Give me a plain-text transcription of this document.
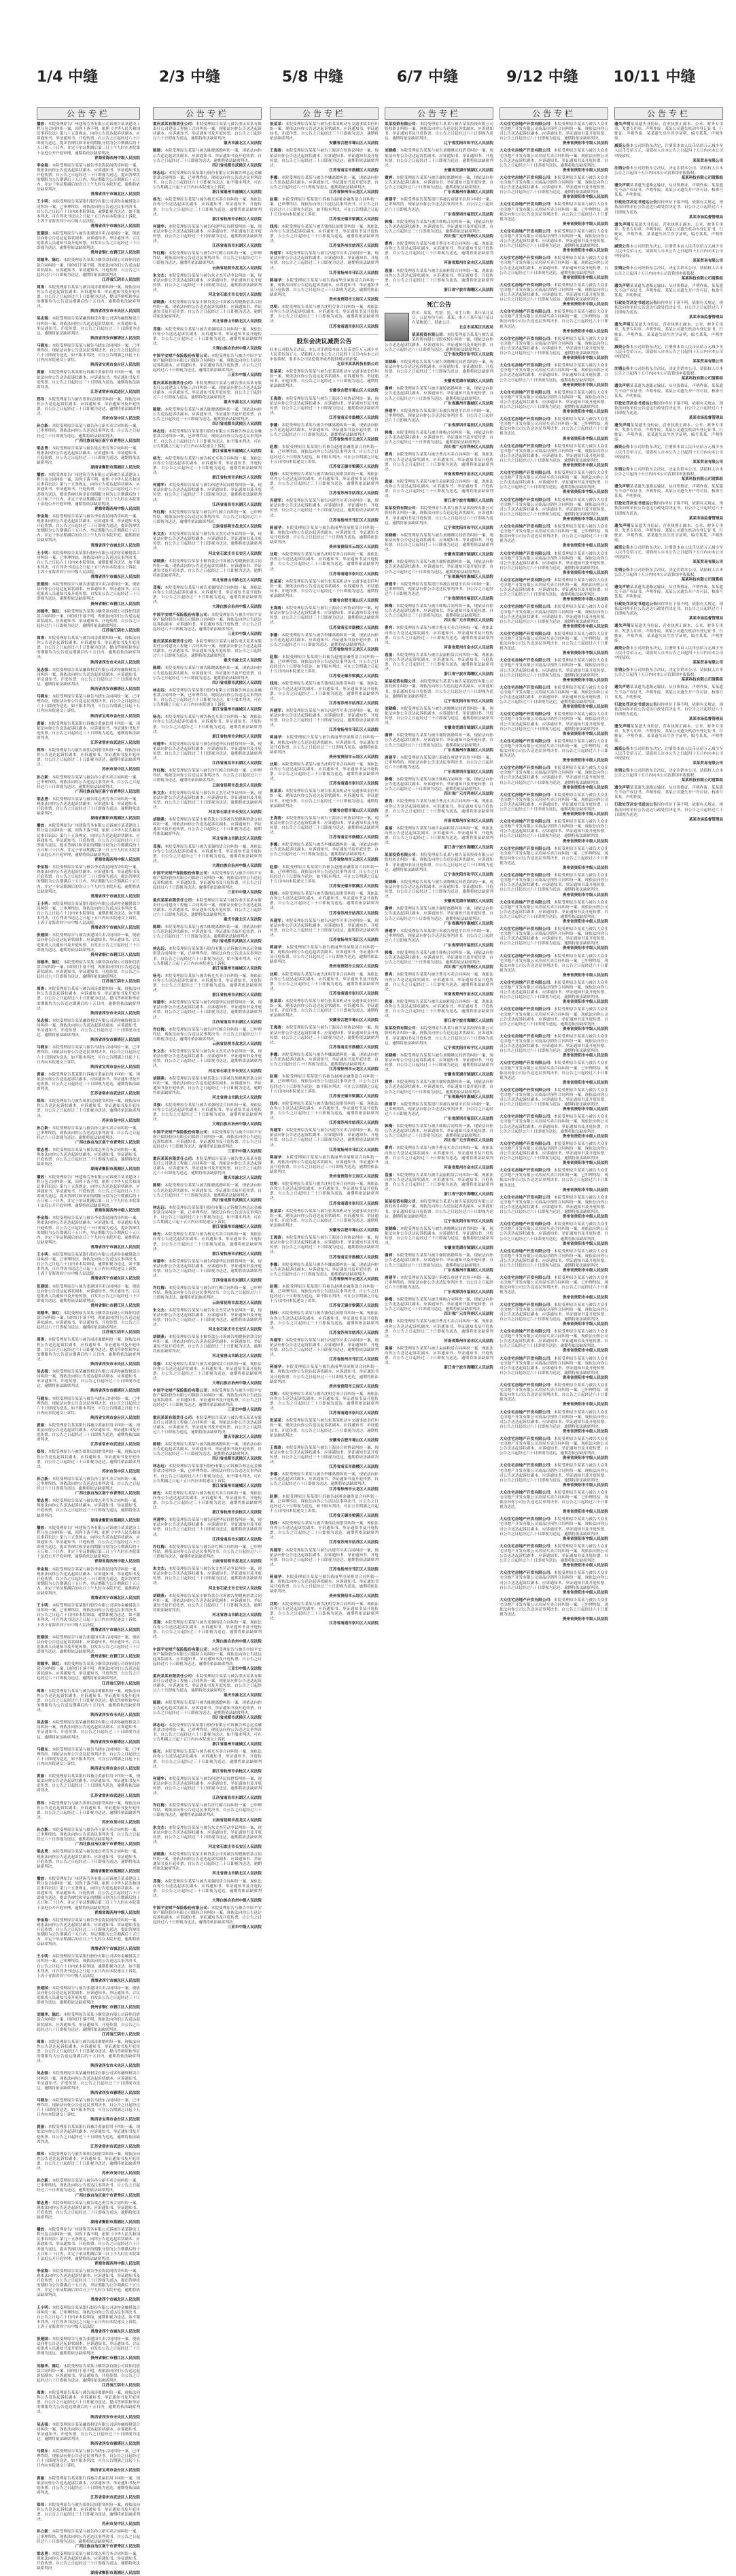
1/4 中缝	2/3 中缝	5/8 中缝	6/7 中缝	9/12 中缝 10/11 中缝
公告专栏
播放：本院受理原告广州建筑劳务有限公司诉被告某某建设工程分包合同纠纷一案，因你下落不明，依照《中华人民共和国民事诉讼法》第九十五条规定，向你公告送达起诉状副本、应诉通知书、举证通知书、开庭传票。自公告之日起经过六十日即视为送达。提出答辩状和举证的期限分别为公告期满后的十五日和三十日内，并定于举证期满后第三日上午九时在本院第十法庭公开开庭审理，逾期将依法缺席判决。
青海省海西州中级人民法院
李金海：本院受理原告某某与被告李金海民间借贷纠纷一案，现依法向你公告送达起诉状副本、应诉通知书、举证通知书及开庭传票。自公告之日起经过三十日即视为送达。提出答辩状的期限为公告期满后十五日内，举证期限为公告期满后十五日内，并定于举证期满后的次日上午九时在本院开庭，逾期将依法缺席判决。
青海省西宁市城北区人民法院
王小明：本院受理原告某某银行股份有限公司诉你金融借款合同纠纷一案，已审理终结。现依法向你公告送达民事判决书。自公告之日起六十日内来本院领取，逾期即视为送达。如不服本判决，可在判决书送达之日起十五日内向本院递交上诉状，上诉于青海省西宁市中级人民法院。
青海省西宁市城东区人民法院
张建国：本院受理原告与被告张建国买卖合同纠纷一案，现依法向你公告送达起诉状副本、应诉通知书、举证通知书、合议庭组成人员通知书及开庭传票。自发出公告之日起经过三十日即视为送达，逾期将依法缺席判决。
贵州省铜仁市碧江区人民法院
刘德华、陈红：本院受理原告某某小额贷款有限公司诉你们借款合同纠纷一案，因你们下落不明，现依法向你们公告送达起诉状副本、应诉通知书、举证通知书、开庭传票。自公告之日起经过六十日即视为送达，逾期将依法缺席判决。
江苏省江阴市人民法院
周涛：本院受理原告某某与被告周涛离婚纠纷一案，现依法向你公告送达起诉状副本、应诉通知书、举证通知书及开庭传票。自公告之日起经过六十日即视为送达，提出答辩状和举证的期限均为公告送达期满后的十五日内，逾期将依法缺席判决。
陕西省西安市未央区人民法院
吴志强：本院受理原告某某融资租赁有限公司诉你融资租赁合同纠纷一案，现依法向你公告送达起诉状副本、应诉通知书、举证通知书、开庭传票。自公告之日起经过三十日即视为送达，逾期将依法缺席判决。
陕西省西安市雁塔区人民法院
马晓东：本院受理原告某某与被告马晓东合同纠纷一案，已审理终结。现依法向你公告送达民事判决书。自公告之日起经过六十日即视为送达。如不服本判决，可在公告期满之日起十五日内向本院递交上诉状。
陕西省宝鸡市金台区人民法院
黄丽：本院受理原告某某银行诉被告黄丽信用卡纠纷一案，现依法向你公告送达起诉状副本、应诉通知书、举证通知书及开庭传票。自公告之日起经过三十日即视为送达，逾期将依法缺席判决。
江苏省常州市武进区人民法院
郑伟：本院受理原告与被告郑伟民间借贷纠纷一案，现依法向你公告送达起诉状副本、应诉通知书、举证通知书及开庭传票。自公告之日起经过三十日即视为送达，逾期将依法缺席判决。
苏州市吴中区人民法院
孙立新：本院受理原告某某与被告孙立新买卖合同纠纷一案，已审理终结。现依法向你公告送达民事判决书。自公告之日起经过六十日即视为送达，逾期将依法缺席判决。
广西壮族自治区南宁市青秀区人民法院
梁志勇：本院受理原告某某与被告梁志勇劳务合同纠纷一案，现依法向你公告送达起诉状副本、应诉通知书、举证通知书、开庭传票。自公告之日起经过三十日即视为送达，逾期将依法缺席判决。
湖南省衡阳市蒸湘区人民法院
播放：本院受理原告广州建筑劳务有限公司诉被告某某建设工程分包合同纠纷一案，因你下落不明，依照《中华人民共和国民事诉讼法》第九十五条规定，向你公告送达起诉状副本、应诉通知书、举证通知书、开庭传票。自公告之日起经过六十日即视为送达。提出答辩状和举证的期限分别为公告期满后的十五日和三十日内，并定于举证期满后第三日上午九时在本院第十法庭公开开庭审理，逾期将依法缺席判决。
青海省海西州中级人民法院
李金海：本院受理原告某某与被告李金海民间借贷纠纷一案，现依法向你公告送达起诉状副本、应诉通知书、举证通知书及开庭传票。自公告之日起经过三十日即视为送达。提出答辩状的期限为公告期满后十五日内，举证期限为公告期满后十五日内，并定于举证期满后的次日上午九时在本院开庭，逾期将依法缺席判决。
青海省西宁市城北区人民法院
王小明：本院受理原告某某银行股份有限公司诉你金融借款合同纠纷一案，已审理终结。现依法向你公告送达民事判决书。自公告之日起六十日内来本院领取，逾期即视为送达。如不服本判决，可在判决书送达之日起十五日内向本院递交上诉状，上诉于青海省西宁市中级人民法院。
青海省西宁市城东区人民法院
张建国：本院受理原告与被告张建国买卖合同纠纷一案，现依法向你公告送达起诉状副本、应诉通知书、举证通知书、合议庭组成人员通知书及开庭传票。自发出公告之日起经过三十日即视为送达，逾期将依法缺席判决。
贵州省铜仁市碧江区人民法院
刘德华、陈红：本院受理原告某某小额贷款有限公司诉你们借款合同纠纷一案，因你们下落不明，现依法向你们公告送达起诉状副本、应诉通知书、举证通知书、开庭传票。自公告之日起经过六十日即视为送达，逾期将依法缺席判决。
江苏省江阴市人民法院
周涛：本院受理原告某某与被告周涛离婚纠纷一案，现依法向你公告送达起诉状副本、应诉通知书、举证通知书及开庭传票。自公告之日起经过六十日即视为送达，提出答辩状和举证的期限均为公告送达期满后的十五日内，逾期将依法缺席判决。
陕西省西安市未央区人民法院
吴志强：本院受理原告某某融资租赁有限公司诉你融资租赁合同纠纷一案，现依法向你公告送达起诉状副本、应诉通知书、举证通知书、开庭传票。自公告之日起经过三十日即视为送达，逾期将依法缺席判决。
陕西省西安市雁塔区人民法院
马晓东：本院受理原告某某与被告马晓东合同纠纷一案，已审理终结。现依法向你公告送达民事判决书。自公告之日起经过六十日即视为送达。如不服本判决，可在公告期满之日起十五日内向本院递交上诉状。
陕西省宝鸡市金台区人民法院
黄丽：本院受理原告某某银行诉被告黄丽信用卡纠纷一案，现依法向你公告送达起诉状副本、应诉通知书、举证通知书及开庭传票。自公告之日起经过三十日即视为送达，逾期将依法缺席判决。
江苏省常州市武进区人民法院
郑伟：本院受理原告与被告郑伟民间借贷纠纷一案，现依法向你公告送达起诉状副本、应诉通知书、举证通知书及开庭传票。自公告之日起经过三十日即视为送达，逾期将依法缺席判决。
苏州市吴中区人民法院
孙立新：本院受理原告某某与被告孙立新买卖合同纠纷一案，已审理终结。现依法向你公告送达民事判决书。自公告之日起经过六十日即视为送达，逾期将依法缺席判决。
广西壮族自治区南宁市青秀区人民法院
梁志勇：本院受理原告某某与被告梁志勇劳务合同纠纷一案，现依法向你公告送达起诉状副本、应诉通知书、举证通知书、开庭传票。自公告之日起经过三十日即视为送达，逾期将依法缺席判决。
湖南省衡阳市蒸湘区人民法院
播放：本院受理原告广州建筑劳务有限公司诉被告某某建设工程分包合同纠纷一案，因你下落不明，依照《中华人民共和国民事诉讼法》第九十五条规定，向你公告送达起诉状副本、应诉通知书、举证通知书、开庭传票。自公告之日起经过六十日即视为送达。提出答辩状和举证的期限分别为公告期满后的十五日和三十日内，并定于举证期满后第三日上午九时在本院第十法庭公开开庭审理，逾期将依法缺席判决。
青海省海西州中级人民法院
李金海：本院受理原告某某与被告李金海民间借贷纠纷一案，现依法向你公告送达起诉状副本、应诉通知书、举证通知书及开庭传票。自公告之日起经过三十日即视为送达。提出答辩状的期限为公告期满后十五日内，举证期限为公告期满后十五日内，并定于举证期满后的次日上午九时在本院开庭，逾期将依法缺席判决。
青海省西宁市城北区人民法院
王小明：本院受理原告某某银行股份有限公司诉你金融借款合同纠纷一案，已审理终结。现依法向你公告送达民事判决书。自公告之日起六十日内来本院领取，逾期即视为送达。如不服本判决，可在判决书送达之日起十五日内向本院递交上诉状，上诉于青海省西宁市中级人民法院。
青海省西宁市城东区人民法院
张建国：本院受理原告与被告张建国买卖合同纠纷一案，现依法向你公告送达起诉状副本、应诉通知书、举证通知书、合议庭组成人员通知书及开庭传票。自发出公告之日起经过三十日即视为送达，逾期将依法缺席判决。
贵州省铜仁市碧江区人民法院
刘德华、陈红：本院受理原告某某小额贷款有限公司诉你们借款合同纠纷一案，因你们下落不明，现依法向你们公告送达起诉状副本、应诉通知书、举证通知书、开庭传票。自公告之日起经过六十日即视为送达，逾期将依法缺席判决。
江苏省江阴市人民法院
周涛：本院受理原告某某与被告周涛离婚纠纷一案，现依法向你公告送达起诉状副本、应诉通知书、举证通知书及开庭传票。自公告之日起经过六十日即视为送达，提出答辩状和举证的期限均为公告送达期满后的十五日内，逾期将依法缺席判决。
陕西省西安市未央区人民法院
吴志强：本院受理原告某某融资租赁有限公司诉你融资租赁合同纠纷一案，现依法向你公告送达起诉状副本、应诉通知书、举证通知书、开庭传票。自公告之日起经过三十日即视为送达，逾期将依法缺席判决。
陕西省西安市雁塔区人民法院
马晓东：本院受理原告某某与被告马晓东合同纠纷一案，已审理终结。现依法向你公告送达民事判决书。自公告之日起经过六十日即视为送达。如不服本判决，可在公告期满之日起十五日内向本院递交上诉状。
陕西省宝鸡市金台区人民法院
黄丽：本院受理原告某某银行诉被告黄丽信用卡纠纷一案，现依法向你公告送达起诉状副本、应诉通知书、举证通知书及开庭传票。自公告之日起经过三十日即视为送达，逾期将依法缺席判决。
江苏省常州市武进区人民法院
郑伟：本院受理原告与被告郑伟民间借贷纠纷一案，现依法向你公告送达起诉状副本、应诉通知书、举证通知书及开庭传票。自公告之日起经过三十日即视为送达，逾期将依法缺席判决。
苏州市吴中区人民法院
孙立新：本院受理原告某某与被告孙立新买卖合同纠纷一案，已审理终结。现依法向你公告送达民事判决书。自公告之日起经过六十日即视为送达，逾期将依法缺席判决。
广西壮族自治区南宁市青秀区人民法院
梁志勇：本院受理原告某某与被告梁志勇劳务合同纠纷一案，现依法向你公告送达起诉状副本、应诉通知书、举证通知书、开庭传票。自公告之日起经过三十日即视为送达，逾期将依法缺席判决。
湖南省衡阳市蒸湘区人民法院
播放：本院受理原告广州建筑劳务有限公司诉被告某某建设工程分包合同纠纷一案，因你下落不明，依照《中华人民共和国民事诉讼法》第九十五条规定，向你公告送达起诉状副本、应诉通知书、举证通知书、开庭传票。自公告之日起经过六十日即视为送达。提出答辩状和举证的期限分别为公告期满后的十五日和三十日内，并定于举证期满后第三日上午九时在本院第十法庭公开开庭审理，逾期将依法缺席判决。
青海省海西州中级人民法院
李金海：本院受理原告某某与被告李金海民间借贷纠纷一案，现依法向你公告送达起诉状副本、应诉通知书、举证通知书及开庭传票。自公告之日起经过三十日即视为送达。提出答辩状的期限为公告期满后十五日内，举证期限为公告期满后十五日内，并定于举证期满后的次日上午九时在本院开庭，逾期将依法缺席判决。
青海省西宁市城北区人民法院
王小明：本院受理原告某某银行股份有限公司诉你金融借款合同纠纷一案，已审理终结。现依法向你公告送达民事判决书。自公告之日起六十日内来本院领取，逾期即视为送达。如不服本判决，可在判决书送达之日起十五日内向本院递交上诉状，上诉于青海省西宁市中级人民法院。
青海省西宁市城东区人民法院
张建国：本院受理原告与被告张建国买卖合同纠纷一案，现依法向你公告送达起诉状副本、应诉通知书、举证通知书、合议庭组成人员通知书及开庭传票。自发出公告之日起经过三十日即视为送达，逾期将依法缺席判决。
贵州省铜仁市碧江区人民法院
刘德华、陈红：本院受理原告某某小额贷款有限公司诉你们借款合同纠纷一案，因你们下落不明，现依法向你们公告送达起诉状副本、应诉通知书、举证通知书、开庭传票。自公告之日起经过六十日即视为送达，逾期将依法缺席判决。
江苏省江阴市人民法院
周涛：本院受理原告某某与被告周涛离婚纠纷一案，现依法向你公告送达起诉状副本、应诉通知书、举证通知书及开庭传票。自公告之日起经过六十日即视为送达，提出答辩状和举证的期限均为公告送达期满后的十五日内，逾期将依法缺席判决。
陕西省西安市未央区人民法院
吴志强：本院受理原告某某融资租赁有限公司诉你融资租赁合同纠纷一案，现依法向你公告送达起诉状副本、应诉通知书、举证通知书、开庭传票。自公告之日起经过三十日即视为送达，逾期将依法缺席判决。
陕西省西安市雁塔区人民法院
马晓东：本院受理原告某某与被告马晓东合同纠纷一案，已审理终结。现依法向你公告送达民事判决书。自公告之日起经过六十日即视为送达。如不服本判决，可在公告期满之日起十五日内向本院递交上诉状。
陕西省宝鸡市金台区人民法院
黄丽：本院受理原告某某银行诉被告黄丽信用卡纠纷一案，现依法向你公告送达起诉状副本、应诉通知书、举证通知书及开庭传票。自公告之日起经过三十日即视为送达，逾期将依法缺席判决。
江苏省常州市武进区人民法院
郑伟：本院受理原告与被告郑伟民间借贷纠纷一案，现依法向你公告送达起诉状副本、应诉通知书、举证通知书及开庭传票。自公告之日起经过三十日即视为送达，逾期将依法缺席判决。
苏州市吴中区人民法院
孙立新：本院受理原告某某与被告孙立新买卖合同纠纷一案，已审理终结。现依法向你公告送达民事判决书。自公告之日起经过六十日即视为送达，逾期将依法缺席判决。
广西壮族自治区南宁市青秀区人民法院
梁志勇：本院受理原告某某与被告梁志勇劳务合同纠纷一案，现依法向你公告送达起诉状副本、应诉通知书、举证通知书、开庭传票。自公告之日起经过三十日即视为送达，逾期将依法缺席判决。
湖南省衡阳市蒸湘区人民法院
播放：本院受理原告广州建筑劳务有限公司诉被告某某建设工程分包合同纠纷一案，因你下落不明，依照《中华人民共和国民事诉讼法》第九十五条规定，向你公告送达起诉状副本、应诉通知书、举证通知书、开庭传票。自公告之日起经过六十日即视为送达。提出答辩状和举证的期限分别为公告期满后的十五日和三十日内，并定于举证期满后第三日上午九时在本院第十法庭公开开庭审理，逾期将依法缺席判决。
青海省海西州中级人民法院
李金海：本院受理原告某某与被告李金海民间借贷纠纷一案，现依法向你公告送达起诉状副本、应诉通知书、举证通知书及开庭传票。自公告之日起经过三十日即视为送达。提出答辩状的期限为公告期满后十五日内，举证期限为公告期满后十五日内，并定于举证期满后的次日上午九时在本院开庭，逾期将依法缺席判决。
青海省西宁市城北区人民法院
王小明：本院受理原告某某银行股份有限公司诉你金融借款合同纠纷一案，已审理终结。现依法向你公告送达民事判决书。自公告之日起六十日内来本院领取，逾期即视为送达。如不服本判决，可在判决书送达之日起十五日内向本院递交上诉状，上诉于青海省西宁市中级人民法院。
青海省西宁市城东区人民法院
张建国：本院受理原告与被告张建国买卖合同纠纷一案，现依法向你公告送达起诉状副本、应诉通知书、举证通知书、合议庭组成人员通知书及开庭传票。自发出公告之日起经过三十日即视为送达，逾期将依法缺席判决。
贵州省铜仁市碧江区人民法院
刘德华、陈红：本院受理原告某某小额贷款有限公司诉你们借款合同纠纷一案，因你们下落不明，现依法向你们公告送达起诉状副本、应诉通知书、举证通知书、开庭传票。自公告之日起经过六十日即视为送达，逾期将依法缺席判决。
江苏省江阴市人民法院
周涛：本院受理原告某某与被告周涛离婚纠纷一案，现依法向你公告送达起诉状副本、应诉通知书、举证通知书及开庭传票。自公告之日起经过六十日即视为送达，提出答辩状和举证的期限均为公告送达期满后的十五日内，逾期将依法缺席判决。
陕西省西安市未央区人民法院
吴志强：本院受理原告某某融资租赁有限公司诉你融资租赁合同纠纷一案，现依法向你公告送达起诉状副本、应诉通知书、举证通知书、开庭传票。自公告之日起经过三十日即视为送达，逾期将依法缺席判决。
陕西省西安市雁塔区人民法院
马晓东：本院受理原告某某与被告马晓东合同纠纷一案，已审理终结。现依法向你公告送达民事判决书。自公告之日起经过六十日即视为送达。如不服本判决，可在公告期满之日起十五日内向本院递交上诉状。
陕西省宝鸡市金台区人民法院
黄丽：本院受理原告某某银行诉被告黄丽信用卡纠纷一案，现依法向你公告送达起诉状副本、应诉通知书、举证通知书及开庭传票。自公告之日起经过三十日即视为送达，逾期将依法缺席判决。
江苏省常州市武进区人民法院
郑伟：本院受理原告与被告郑伟民间借贷纠纷一案，现依法向你公告送达起诉状副本、应诉通知书、举证通知书及开庭传票。自公告之日起经过三十日即视为送达，逾期将依法缺席判决。
苏州市吴中区人民法院
孙立新：本院受理原告某某与被告孙立新买卖合同纠纷一案，已审理终结。现依法向你公告送达民事判决书。自公告之日起经过六十日即视为送达，逾期将依法缺席判决。
广西壮族自治区南宁市青秀区人民法院
梁志勇：本院受理原告某某与被告梁志勇劳务合同纠纷一案，现依法向你公告送达起诉状副本、应诉通知书、举证通知书、开庭传票。自公告之日起经过三十日即视为送达，逾期将依法缺席判决。
湖南省衡阳市蒸湘区人民法院
播放：本院受理原告广州建筑劳务有限公司诉被告某某建设工程分包合同纠纷一案，因你下落不明，依照《中华人民共和国民事诉讼法》第九十五条规定，向你公告送达起诉状副本、应诉通知书、举证通知书、开庭传票。自公告之日起经过六十日即视为送达。提出答辩状和举证的期限分别为公告期满后的十五日和三十日内，并定于举证期满后第三日上午九时在本院第十法庭公开开庭审理，逾期将依法缺席判决。
青海省海西州中级人民法院
李金海：本院受理原告某某与被告李金海民间借贷纠纷一案，现依法向你公告送达起诉状副本、应诉通知书、举证通知书及开庭传票。自公告之日起经过三十日即视为送达。提出答辩状的期限为公告期满后十五日内，举证期限为公告期满后十五日内，并定于举证期满后的次日上午九时在本院开庭，逾期将依法缺席判决。
青海省西宁市城北区人民法院
王小明：本院受理原告某某银行股份有限公司诉你金融借款合同纠纷一案，已审理终结。现依法向你公告送达民事判决书。自公告之日起六十日内来本院领取，逾期即视为送达。如不服本判决，可在判决书送达之日起十五日内向本院递交上诉状，上诉于青海省西宁市中级人民法院。
青海省西宁市城东区人民法院
张建国：本院受理原告与被告张建国买卖合同纠纷一案，现依法向你公告送达起诉状副本、应诉通知书、举证通知书、合议庭组成人员通知书及开庭传票。自发出公告之日起经过三十日即视为送达，逾期将依法缺席判决。
贵州省铜仁市碧江区人民法院
刘德华、陈红：本院受理原告某某小额贷款有限公司诉你们借款合同纠纷一案，因你们下落不明，现依法向你们公告送达起诉状副本、应诉通知书、举证通知书、开庭传票。自公告之日起经过六十日即视为送达，逾期将依法缺席判决。
江苏省江阴市人民法院
周涛：本院受理原告某某与被告周涛离婚纠纷一案，现依法向你公告送达起诉状副本、应诉通知书、举证通知书及开庭传票。自公告之日起经过六十日即视为送达，提出答辩状和举证的期限均为公告送达期满后的十五日内，逾期将依法缺席判决。
陕西省西安市未央区人民法院
吴志强：本院受理原告某某融资租赁有限公司诉你融资租赁合同纠纷一案，现依法向你公告送达起诉状副本、应诉通知书、举证通知书、开庭传票。自公告之日起经过三十日即视为送达，逾期将依法缺席判决。
陕西省西安市雁塔区人民法院
马晓东：本院受理原告某某与被告马晓东合同纠纷一案，已审理终结。现依法向你公告送达民事判决书。自公告之日起经过六十日即视为送达。如不服本判决，可在公告期满之日起十五日内向本院递交上诉状。
陕西省宝鸡市金台区人民法院
黄丽：本院受理原告某某银行诉被告黄丽信用卡纠纷一案，现依法向你公告送达起诉状副本、应诉通知书、举证通知书及开庭传票。自公告之日起经过三十日即视为送达，逾期将依法缺席判决。
江苏省常州市武进区人民法院
郑伟：本院受理原告与被告郑伟民间借贷纠纷一案，现依法向你公告送达起诉状副本、应诉通知书、举证通知书及开庭传票。自公告之日起经过三十日即视为送达，逾期将依法缺席判决。
苏州市吴中区人民法院
孙立新：本院受理原告某某与被告孙立新买卖合同纠纷一案，已审理终结。现依法向你公告送达民事判决书。自公告之日起经过六十日即视为送达，逾期将依法缺席判决。
广西壮族自治区南宁市青秀区人民法院
梁志勇：本院受理原告某某与被告梁志勇劳务合同纠纷一案，现依法向你公告送达起诉状副本、应诉通知书、举证通知书、开庭传票。自公告之日起经过三十日即视为送达，逾期将依法缺席判决。
湖南省衡阳市蒸湘区人民法院
播放：本院受理原告广州建筑劳务有限公司诉被告某某建设工程分包合同纠纷一案，因你下落不明，依照《中华人民共和国民事诉讼法》第九十五条规定，向你公告送达起诉状副本、应诉通知书、举证通知书、开庭传票。自公告之日起经过六十日即视为送达。提出答辩状和举证的期限分别为公告期满后的十五日和三十日内，并定于举证期满后第三日上午九时在本院第十法庭公开开庭审理，逾期将依法缺席判决。
青海省海西州中级人民法院
李金海：本院受理原告某某与被告李金海民间借贷纠纷一案，现依法向你公告送达起诉状副本、应诉通知书、举证通知书及开庭传票。自公告之日起经过三十日即视为送达。提出答辩状的期限为公告期满后十五日内，举证期限为公告期满后十五日内，并定于举证期满后的次日上午九时在本院开庭，逾期将依法缺席判决。
青海省西宁市城北区人民法院
王小明：本院受理原告某某银行股份有限公司诉你金融借款合同纠纷一案，已审理终结。现依法向你公告送达民事判决书。自公告之日起六十日内来本院领取，逾期即视为送达。如不服本判决，可在判决书送达之日起十五日内向本院递交上诉状，上诉于青海省西宁市中级人民法院。
青海省西宁市城东区人民法院
张建国：本院受理原告与被告张建国买卖合同纠纷一案，现依法向你公告送达起诉状副本、应诉通知书、举证通知书、合议庭组成人员通知书及开庭传票。自发出公告之日起经过三十日即视为送达，逾期将依法缺席判决。
贵州省铜仁市碧江区人民法院
刘德华、陈红：本院受理原告某某小额贷款有限公司诉你们借款合同纠纷一案，因你们下落不明，现依法向你们公告送达起诉状副本、应诉通知书、举证通知书、开庭传票。自公告之日起经过六十日即视为送达，逾期将依法缺席判决。
江苏省江阴市人民法院
周涛：本院受理原告某某与被告周涛离婚纠纷一案，现依法向你公告送达起诉状副本、应诉通知书、举证通知书及开庭传票。自公告之日起经过六十日即视为送达，提出答辩状和举证的期限均为公告送达期满后的十五日内，逾期将依法缺席判决。
陕西省西安市未央区人民法院
吴志强：本院受理原告某某融资租赁有限公司诉你融资租赁合同纠纷一案，现依法向你公告送达起诉状副本、应诉通知书、举证通知书、开庭传票。自公告之日起经过三十日即视为送达，逾期将依法缺席判决。
陕西省西安市雁塔区人民法院
马晓东：本院受理原告某某与被告马晓东合同纠纷一案，已审理终结。现依法向你公告送达民事判决书。自公告之日起经过六十日即视为送达。如不服本判决，可在公告期满之日起十五日内向本院递交上诉状。
陕西省宝鸡市金台区人民法院
黄丽：本院受理原告某某银行诉被告黄丽信用卡纠纷一案，现依法向你公告送达起诉状副本、应诉通知书、举证通知书及开庭传票。自公告之日起经过三十日即视为送达，逾期将依法缺席判决。
江苏省常州市武进区人民法院
郑伟：本院受理原告与被告郑伟民间借贷纠纷一案，现依法向你公告送达起诉状副本、应诉通知书、举证通知书及开庭传票。自公告之日起经过三十日即视为送达，逾期将依法缺席判决。
苏州市吴中区人民法院
孙立新：本院受理原告某某与被告孙立新买卖合同纠纷一案，已审理终结。现依法向你公告送达民事判决书。自公告之日起经过六十日即视为送达，逾期将依法缺席判决。
广西壮族自治区南宁市青秀区人民法院
梁志勇：本院受理原告某某与被告梁志勇劳务合同纠纷一案，现依法向你公告送达起诉状副本、应诉通知书、举证通知书、开庭传票。自公告之日起经过三十日即视为送达，逾期将依法缺席判决。
湖南省衡阳市蒸湘区人民法院
公告专栏
重庆某某有限责任公司：本院受理原告某某与被告重庆某某有限责任公司建设工程施工合同纠纷一案，现依法向你公告送达起诉状副本、应诉通知书、举证通知书及开庭传票。自公告之日起经过六十日即视为送达，逾期将依法缺席判决。
重庆市渝北区人民法院
陈晓：本院受理原告某某与被告陈晓离婚纠纷一案，现依法向你公告送达起诉状副本、应诉通知书、举证通知书及开庭传票。自公告之日起经过三十日即视为送达，逾期将依法缺席判决。
四川省成都市武侯区人民法院
林志远：本院受理原告某某银行股份有限公司诉被告林志远金融借款合同纠纷一案，已审理终结。现依法向你公告送达民事判决书。自公告之日起经过六十日即视为送达，如不服本判决，可在公告期满之日起十五日内向本院递交上诉状。
浙江省温州市鹿城区人民法院
杨光：本院受理原告某某与被告杨光买卖合同纠纷一案，现依法向你公告送达起诉状副本、应诉通知书、举证通知书、开庭传票。自公告之日起经过三十日即视为送达，逾期将依法缺席判决。
浙江省杭州市余杭区人民法院
何建华：本院受理原告某某与被告何建华民间借贷纠纷一案，现依法向你公告送达起诉状副本、应诉通知书、举证通知书及开庭传票。自公告之日起经过三十日即视为送达，逾期将依法缺席判决。
江西省南昌市东湖区人民法院
许红梅：本院受理原告某某与被告许红梅合同纠纷一案，已审理终结。现依法向你公告送达民事判决书。自公告之日起经过六十日即视为送达，逾期将依法缺席判决。
云南省昆明市盘龙区人民法院
朱文杰：本院受理原告某某与被告朱文杰劳动争议纠纷一案，现依法向你公告送达起诉状副本、应诉通知书、举证通知书及开庭传票。自公告之日起经过三十日即视为送达，逾期将依法缺席判决。
河北省石家庄市长安区人民法院
胡晓燕：本院受理原告某某小额贷款公司诉被告胡晓燕借款合同纠纷一案，现依法向你公告送达起诉状副本、应诉通知书、举证通知书及开庭传票。自公告之日起经过三十日即视为送达，逾期将依法缺席判决。
河北省唐山市路北区人民法院
邓强：本院受理原告某某与被告邓强租赁合同纠纷一案，现依法向你公告送达起诉状副本、应诉通知书、举证通知书及开庭传票。自公告之日起经过三十日即视为送达，逾期将依法缺席判决。
大理白族自治州中级人民法院
中国平安财产保险股份有限公司：本院受理原告与被告中国平安财产保险股份有限公司保险合同纠纷一案，现依法向你公告送达起诉状副本、应诉通知书、举证通知书及开庭传票。自公告之日起经过六十日即视为送达，逾期将依法缺席判决。
三亚市中级人民法院
重庆某某有限责任公司：本院受理原告某某与被告重庆某某有限责任公司建设工程施工合同纠纷一案，现依法向你公告送达起诉状副本、应诉通知书、举证通知书及开庭传票。自公告之日起经过六十日即视为送达，逾期将依法缺席判决。
重庆市渝北区人民法院
陈晓：本院受理原告某某与被告陈晓离婚纠纷一案，现依法向你公告送达起诉状副本、应诉通知书、举证通知书及开庭传票。自公告之日起经过三十日即视为送达，逾期将依法缺席判决。
四川省成都市武侯区人民法院
林志远：本院受理原告某某银行股份有限公司诉被告林志远金融借款合同纠纷一案，已审理终结。现依法向你公告送达民事判决书。自公告之日起经过六十日即视为送达，如不服本判决，可在公告期满之日起十五日内向本院递交上诉状。
浙江省温州市鹿城区人民法院
杨光：本院受理原告某某与被告杨光买卖合同纠纷一案，现依法向你公告送达起诉状副本、应诉通知书、举证通知书、开庭传票。自公告之日起经过三十日即视为送达，逾期将依法缺席判决。
浙江省杭州市余杭区人民法院
何建华：本院受理原告某某与被告何建华民间借贷纠纷一案，现依法向你公告送达起诉状副本、应诉通知书、举证通知书及开庭传票。自公告之日起经过三十日即视为送达，逾期将依法缺席判决。
江西省南昌市东湖区人民法院
许红梅：本院受理原告某某与被告许红梅合同纠纷一案，已审理终结。现依法向你公告送达民事判决书。自公告之日起经过六十日即视为送达，逾期将依法缺席判决。
云南省昆明市盘龙区人民法院
朱文杰：本院受理原告某某与被告朱文杰劳动争议纠纷一案，现依法向你公告送达起诉状副本、应诉通知书、举证通知书及开庭传票。自公告之日起经过三十日即视为送达，逾期将依法缺席判决。
河北省石家庄市长安区人民法院
胡晓燕：本院受理原告某某小额贷款公司诉被告胡晓燕借款合同纠纷一案，现依法向你公告送达起诉状副本、应诉通知书、举证通知书及开庭传票。自公告之日起经过三十日即视为送达，逾期将依法缺席判决。
河北省唐山市路北区人民法院
邓强：本院受理原告某某与被告邓强租赁合同纠纷一案，现依法向你公告送达起诉状副本、应诉通知书、举证通知书及开庭传票。自公告之日起经过三十日即视为送达，逾期将依法缺席判决。
大理白族自治州中级人民法院
中国平安财产保险股份有限公司：本院受理原告与被告中国平安财产保险股份有限公司保险合同纠纷一案，现依法向你公告送达起诉状副本、应诉通知书、举证通知书及开庭传票。自公告之日起经过六十日即视为送达，逾期将依法缺席判决。
三亚市中级人民法院
重庆某某有限责任公司：本院受理原告某某与被告重庆某某有限责任公司建设工程施工合同纠纷一案，现依法向你公告送达起诉状副本、应诉通知书、举证通知书及开庭传票。自公告之日起经过六十日即视为送达，逾期将依法缺席判决。
重庆市渝北区人民法院
陈晓：本院受理原告某某与被告陈晓离婚纠纷一案，现依法向你公告送达起诉状副本、应诉通知书、举证通知书及开庭传票。自公告之日起经过三十日即视为送达，逾期将依法缺席判决。
四川省成都市武侯区人民法院
林志远：本院受理原告某某银行股份有限公司诉被告林志远金融借款合同纠纷一案，已审理终结。现依法向你公告送达民事判决书。自公告之日起经过六十日即视为送达，如不服本判决，可在公告期满之日起十五日内向本院递交上诉状。
浙江省温州市鹿城区人民法院
杨光：本院受理原告某某与被告杨光买卖合同纠纷一案，现依法向你公告送达起诉状副本、应诉通知书、举证通知书、开庭传票。自公告之日起经过三十日即视为送达，逾期将依法缺席判决。
浙江省杭州市余杭区人民法院
何建华：本院受理原告某某与被告何建华民间借贷纠纷一案，现依法向你公告送达起诉状副本、应诉通知书、举证通知书及开庭传票。自公告之日起经过三十日即视为送达，逾期将依法缺席判决。
江西省南昌市东湖区人民法院
许红梅：本院受理原告某某与被告许红梅合同纠纷一案，已审理终结。现依法向你公告送达民事判决书。自公告之日起经过六十日即视为送达，逾期将依法缺席判决。
云南省昆明市盘龙区人民法院
朱文杰：本院受理原告某某与被告朱文杰劳动争议纠纷一案，现依法向你公告送达起诉状副本、应诉通知书、举证通知书及开庭传票。自公告之日起经过三十日即视为送达，逾期将依法缺席判决。
河北省石家庄市长安区人民法院
胡晓燕：本院受理原告某某小额贷款公司诉被告胡晓燕借款合同纠纷一案，现依法向你公告送达起诉状副本、应诉通知书、举证通知书及开庭传票。自公告之日起经过三十日即视为送达，逾期将依法缺席判决。
河北省唐山市路北区人民法院
邓强：本院受理原告某某与被告邓强租赁合同纠纷一案，现依法向你公告送达起诉状副本、应诉通知书、举证通知书及开庭传票。自公告之日起经过三十日即视为送达，逾期将依法缺席判决。
大理白族自治州中级人民法院
中国平安财产保险股份有限公司：本院受理原告与被告中国平安财产保险股份有限公司保险合同纠纷一案，现依法向你公告送达起诉状副本、应诉通知书、举证通知书及开庭传票。自公告之日起经过六十日即视为送达，逾期将依法缺席判决。
三亚市中级人民法院
重庆某某有限责任公司：本院受理原告某某与被告重庆某某有限责任公司建设工程施工合同纠纷一案，现依法向你公告送达起诉状副本、应诉通知书、举证通知书及开庭传票。自公告之日起经过六十日即视为送达，逾期将依法缺席判决。
重庆市渝北区人民法院
陈晓：本院受理原告某某与被告陈晓离婚纠纷一案，现依法向你公告送达起诉状副本、应诉通知书、举证通知书及开庭传票。自公告之日起经过三十日即视为送达，逾期将依法缺席判决。
四川省成都市武侯区人民法院
林志远：本院受理原告某某银行股份有限公司诉被告林志远金融借款合同纠纷一案，已审理终结。现依法向你公告送达民事判决书。自公告之日起经过六十日即视为送达，如不服本判决，可在公告期满之日起十五日内向本院递交上诉状。
浙江省温州市鹿城区人民法院
杨光：本院受理原告某某与被告杨光买卖合同纠纷一案，现依法向你公告送达起诉状副本、应诉通知书、举证通知书、开庭传票。自公告之日起经过三十日即视为送达，逾期将依法缺席判决。
浙江省杭州市余杭区人民法院
何建华：本院受理原告某某与被告何建华民间借贷纠纷一案，现依法向你公告送达起诉状副本、应诉通知书、举证通知书及开庭传票。自公告之日起经过三十日即视为送达，逾期将依法缺席判决。
江西省南昌市东湖区人民法院
许红梅：本院受理原告某某与被告许红梅合同纠纷一案，已审理终结。现依法向你公告送达民事判决书。自公告之日起经过六十日即视为送达，逾期将依法缺席判决。
云南省昆明市盘龙区人民法院
朱文杰：本院受理原告某某与被告朱文杰劳动争议纠纷一案，现依法向你公告送达起诉状副本、应诉通知书、举证通知书及开庭传票。自公告之日起经过三十日即视为送达，逾期将依法缺席判决。
河北省石家庄市长安区人民法院
胡晓燕：本院受理原告某某小额贷款公司诉被告胡晓燕借款合同纠纷一案，现依法向你公告送达起诉状副本、应诉通知书、举证通知书及开庭传票。自公告之日起经过三十日即视为送达，逾期将依法缺席判决。
河北省唐山市路北区人民法院
邓强：本院受理原告某某与被告邓强租赁合同纠纷一案，现依法向你公告送达起诉状副本、应诉通知书、举证通知书及开庭传票。自公告之日起经过三十日即视为送达，逾期将依法缺席判决。
大理白族自治州中级人民法院
中国平安财产保险股份有限公司：本院受理原告与被告中国平安财产保险股份有限公司保险合同纠纷一案，现依法向你公告送达起诉状副本、应诉通知书、举证通知书及开庭传票。自公告之日起经过六十日即视为送达，逾期将依法缺席判决。
三亚市中级人民法院
重庆某某有限责任公司：本院受理原告某某与被告重庆某某有限责任公司建设工程施工合同纠纷一案，现依法向你公告送达起诉状副本、应诉通知书、举证通知书及开庭传票。自公告之日起经过六十日即视为送达，逾期将依法缺席判决。
重庆市渝北区人民法院
陈晓：本院受理原告某某与被告陈晓离婚纠纷一案，现依法向你公告送达起诉状副本、应诉通知书、举证通知书及开庭传票。自公告之日起经过三十日即视为送达，逾期将依法缺席判决。
四川省成都市武侯区人民法院
林志远：本院受理原告某某银行股份有限公司诉被告林志远金融借款合同纠纷一案，已审理终结。现依法向你公告送达民事判决书。自公告之日起经过六十日即视为送达，如不服本判决，可在公告期满之日起十五日内向本院递交上诉状。
浙江省温州市鹿城区人民法院
杨光：本院受理原告某某与被告杨光买卖合同纠纷一案，现依法向你公告送达起诉状副本、应诉通知书、举证通知书、开庭传票。自公告之日起经过三十日即视为送达，逾期将依法缺席判决。
浙江省杭州市余杭区人民法院
何建华：本院受理原告某某与被告何建华民间借贷纠纷一案，现依法向你公告送达起诉状副本、应诉通知书、举证通知书及开庭传票。自公告之日起经过三十日即视为送达，逾期将依法缺席判决。
江西省南昌市东湖区人民法院
许红梅：本院受理原告某某与被告许红梅合同纠纷一案，已审理终结。现依法向你公告送达民事判决书。自公告之日起经过六十日即视为送达，逾期将依法缺席判决。
云南省昆明市盘龙区人民法院
朱文杰：本院受理原告某某与被告朱文杰劳动争议纠纷一案，现依法向你公告送达起诉状副本、应诉通知书、举证通知书及开庭传票。自公告之日起经过三十日即视为送达，逾期将依法缺席判决。
河北省石家庄市长安区人民法院
胡晓燕：本院受理原告某某小额贷款公司诉被告胡晓燕借款合同纠纷一案，现依法向你公告送达起诉状副本、应诉通知书、举证通知书及开庭传票。自公告之日起经过三十日即视为送达，逾期将依法缺席判决。
河北省唐山市路北区人民法院
邓强：本院受理原告某某与被告邓强租赁合同纠纷一案，现依法向你公告送达起诉状副本、应诉通知书、举证通知书及开庭传票。自公告之日起经过三十日即视为送达，逾期将依法缺席判决。
大理白族自治州中级人民法院
中国平安财产保险股份有限公司：本院受理原告与被告中国平安财产保险股份有限公司保险合同纠纷一案，现依法向你公告送达起诉状副本、应诉通知书、举证通知书及开庭传票。自公告之日起经过六十日即视为送达，逾期将依法缺席判决。
三亚市中级人民法院
重庆某某有限责任公司：本院受理原告某某与被告重庆某某有限责任公司建设工程施工合同纠纷一案，现依法向你公告送达起诉状副本、应诉通知书、举证通知书及开庭传票。自公告之日起经过六十日即视为送达，逾期将依法缺席判决。
重庆市渝北区人民法院
陈晓：本院受理原告某某与被告陈晓离婚纠纷一案，现依法向你公告送达起诉状副本、应诉通知书、举证通知书及开庭传票。自公告之日起经过三十日即视为送达，逾期将依法缺席判决。
四川省成都市武侯区人民法院
林志远：本院受理原告某某银行股份有限公司诉被告林志远金融借款合同纠纷一案，已审理终结。现依法向你公告送达民事判决书。自公告之日起经过六十日即视为送达，如不服本判决，可在公告期满之日起十五日内向本院递交上诉状。
浙江省温州市鹿城区人民法院
杨光：本院受理原告某某与被告杨光买卖合同纠纷一案，现依法向你公告送达起诉状副本、应诉通知书、举证通知书、开庭传票。自公告之日起经过三十日即视为送达，逾期将依法缺席判决。
浙江省杭州市余杭区人民法院
何建华：本院受理原告某某与被告何建华民间借贷纠纷一案，现依法向你公告送达起诉状副本、应诉通知书、举证通知书及开庭传票。自公告之日起经过三十日即视为送达，逾期将依法缺席判决。
江西省南昌市东湖区人民法院
许红梅：本院受理原告某某与被告许红梅合同纠纷一案，已审理终结。现依法向你公告送达民事判决书。自公告之日起经过六十日即视为送达，逾期将依法缺席判决。
云南省昆明市盘龙区人民法院
朱文杰：本院受理原告某某与被告朱文杰劳动争议纠纷一案，现依法向你公告送达起诉状副本、应诉通知书、举证通知书及开庭传票。自公告之日起经过三十日即视为送达，逾期将依法缺席判决。
河北省石家庄市长安区人民法院
胡晓燕：本院受理原告某某小额贷款公司诉被告胡晓燕借款合同纠纷一案，现依法向你公告送达起诉状副本、应诉通知书、举证通知书及开庭传票。自公告之日起经过三十日即视为送达，逾期将依法缺席判决。
河北省唐山市路北区人民法院
邓强：本院受理原告某某与被告邓强租赁合同纠纷一案，现依法向你公告送达起诉状副本、应诉通知书、举证通知书及开庭传票。自公告之日起经过三十日即视为送达，逾期将依法缺席判决。
大理白族自治州中级人民法院
中国平安财产保险股份有限公司：本院受理原告与被告中国平安财产保险股份有限公司保险合同纠纷一案，现依法向你公告送达起诉状副本、应诉通知书、举证通知书及开庭传票。自公告之日起经过六十日即视为送达，逾期将依法缺席判决。
三亚市中级人民法院
重庆某某有限责任公司：本院受理原告某某与被告重庆某某有限责任公司建设工程施工合同纠纷一案，现依法向你公告送达起诉状副本、应诉通知书、举证通知书及开庭传票。自公告之日起经过六十日即视为送达，逾期将依法缺席判决。
重庆市渝北区人民法院
陈晓：本院受理原告某某与被告陈晓离婚纠纷一案，现依法向你公告送达起诉状副本、应诉通知书、举证通知书及开庭传票。自公告之日起经过三十日即视为送达，逾期将依法缺席判决。
四川省成都市武侯区人民法院
林志远：本院受理原告某某银行股份有限公司诉被告林志远金融借款合同纠纷一案，已审理终结。现依法向你公告送达民事判决书。自公告之日起经过六十日即视为送达，如不服本判决，可在公告期满之日起十五日内向本院递交上诉状。
浙江省温州市鹿城区人民法院
杨光：本院受理原告某某与被告杨光买卖合同纠纷一案，现依法向你公告送达起诉状副本、应诉通知书、举证通知书、开庭传票。自公告之日起经过三十日即视为送达，逾期将依法缺席判决。
浙江省杭州市余杭区人民法院
何建华：本院受理原告某某与被告何建华民间借贷纠纷一案，现依法向你公告送达起诉状副本、应诉通知书、举证通知书及开庭传票。自公告之日起经过三十日即视为送达，逾期将依法缺席判决。
江西省南昌市东湖区人民法院
许红梅：本院受理原告某某与被告许红梅合同纠纷一案，已审理终结。现依法向你公告送达民事判决书。自公告之日起经过六十日即视为送达，逾期将依法缺席判决。
云南省昆明市盘龙区人民法院
朱文杰：本院受理原告某某与被告朱文杰劳动争议纠纷一案，现依法向你公告送达起诉状副本、应诉通知书、举证通知书及开庭传票。自公告之日起经过三十日即视为送达，逾期将依法缺席判决。
河北省石家庄市长安区人民法院
胡晓燕：本院受理原告某某小额贷款公司诉被告胡晓燕借款合同纠纷一案，现依法向你公告送达起诉状副本、应诉通知书、举证通知书及开庭传票。自公告之日起经过三十日即视为送达，逾期将依法缺席判决。
河北省唐山市路北区人民法院
邓强：本院受理原告某某与被告邓强租赁合同纠纷一案，现依法向你公告送达起诉状副本、应诉通知书、举证通知书及开庭传票。自公告之日起经过三十日即视为送达，逾期将依法缺席判决。
大理白族自治州中级人民法院
中国平安财产保险股份有限公司：本院受理原告与被告中国平安财产保险股份有限公司保险合同纠纷一案，现依法向你公告送达起诉状副本、应诉通知书、举证通知书及开庭传票。自公告之日起经过六十日即视为送达，逾期将依法缺席判决。
三亚市中级人民法院
公告专栏
张某某：本院受理原告某某与被告张某某机动车交通事故责任纠纷一案，现依法向你公告送达起诉状副本、应诉通知书、举证通知书、开庭传票。自公告之日起经过三十日即视为送达，逾期将依法缺席判决。
安徽省合肥市蜀山区人民法院
王海涛：本院受理原告某某与被告王海涛合伙协议纠纷一案，现依法向你公告送达起诉状副本、应诉通知书、举证通知书及开庭传票。自公告之日起经过三十日即视为送达，逾期将依法缺席判决。
江苏省南京市鼓楼区人民法院
李娜：本院受理原告某某与被告李娜离婚纠纷一案，现依法向你公告送达起诉状副本、应诉通知书、举证通知书及开庭传票。自公告之日起经过六十日即视为送达，逾期将依法缺席判决。
江苏省徐州市云龙区人民法院
赵刚：本院受理原告某某银行诉被告赵刚金融借款合同纠纷一案，已审理终结。现依法向你公告送达民事判决书。自公告之日起经过六十日即视为送达，如不服本判决，可在公告期满之日起十五日内向本院递交上诉状。
江苏省无锡市梁溪区人民法院
钱伟：本院受理原告某某与被告钱伟民间借贷纠纷一案，现依法向你公告送达起诉状副本、应诉通知书、举证通知书及开庭传票。自公告之日起经过三十日即视为送达，逾期将依法缺席判决。
江苏省苏州市姑苏区人民法院
冯建军：本院受理原告某某与被告冯建军买卖合同纠纷一案，现依法向你公告送达起诉状副本、应诉通知书、举证通知书、开庭传票。自公告之日起经过三十日即视为送达，逾期将依法缺席判决。
江苏省扬州市邗江区人民法院
蒋丽华：本院受理原告某某与被告蒋丽华房屋租赁合同纠纷一案，现依法向你公告送达起诉状副本、应诉通知书、举证通知书及开庭传票。自公告之日起经过三十日即视为送达，逾期将依法缺席判决。
贵州省贵阳市云岩区人民法院
沈明：本院受理原告某某与被告沈明劳务合同纠纷一案，现依法向你公告送达起诉状副本、应诉通知书、举证通知书及开庭传票。自公告之日起经过三十日即视为送达，逾期将依法缺席判决。
江苏省南通市崇川区人民法院
股东会决议减资公告
经本公司股东会决议，本公司注册资本由人民币壹仟万元减少至人民币伍佰万元。请债权人自本公告之日起四十五日内向本公司申报债权，要求本公司清偿债务或者提供相应的担保。
北京市某某科技有限公司
张某某：本院受理原告某某与被告张某某机动车交通事故责任纠纷一案，现依法向你公告送达起诉状副本、应诉通知书、举证通知书、开庭传票。自公告之日起经过三十日即视为送达，逾期将依法缺席判决。
安徽省合肥市蜀山区人民法院
王海涛：本院受理原告某某与被告王海涛合伙协议纠纷一案，现依法向你公告送达起诉状副本、应诉通知书、举证通知书及开庭传票。自公告之日起经过三十日即视为送达，逾期将依法缺席判决。
江苏省南京市鼓楼区人民法院
李娜：本院受理原告某某与被告李娜离婚纠纷一案，现依法向你公告送达起诉状副本、应诉通知书、举证通知书及开庭传票。自公告之日起经过六十日即视为送达，逾期将依法缺席判决。
江苏省徐州市云龙区人民法院
赵刚：本院受理原告某某银行诉被告赵刚金融借款合同纠纷一案，已审理终结。现依法向你公告送达民事判决书。自公告之日起经过六十日即视为送达，如不服本判决，可在公告期满之日起十五日内向本院递交上诉状。
江苏省无锡市梁溪区人民法院
钱伟：本院受理原告某某与被告钱伟民间借贷纠纷一案，现依法向你公告送达起诉状副本、应诉通知书、举证通知书及开庭传票。自公告之日起经过三十日即视为送达，逾期将依法缺席判决。
江苏省苏州市姑苏区人民法院
冯建军：本院受理原告某某与被告冯建军买卖合同纠纷一案，现依法向你公告送达起诉状副本、应诉通知书、举证通知书、开庭传票。自公告之日起经过三十日即视为送达，逾期将依法缺席判决。
江苏省扬州市邗江区人民法院
蒋丽华：本院受理原告某某与被告蒋丽华房屋租赁合同纠纷一案，现依法向你公告送达起诉状副本、应诉通知书、举证通知书及开庭传票。自公告之日起经过三十日即视为送达，逾期将依法缺席判决。
贵州省贵阳市云岩区人民法院
沈明：本院受理原告某某与被告沈明劳务合同纠纷一案，现依法向你公告送达起诉状副本、应诉通知书、举证通知书及开庭传票。自公告之日起经过三十日即视为送达，逾期将依法缺席判决。
江苏省南通市崇川区人民法院
张某某：本院受理原告某某与被告张某某机动车交通事故责任纠纷一案，现依法向你公告送达起诉状副本、应诉通知书、举证通知书、开庭传票。自公告之日起经过三十日即视为送达，逾期将依法缺席判决。
安徽省合肥市蜀山区人民法院
王海涛：本院受理原告某某与被告王海涛合伙协议纠纷一案，现依法向你公告送达起诉状副本、应诉通知书、举证通知书及开庭传票。自公告之日起经过三十日即视为送达，逾期将依法缺席判决。
江苏省南京市鼓楼区人民法院
李娜：本院受理原告某某与被告李娜离婚纠纷一案，现依法向你公告送达起诉状副本、应诉通知书、举证通知书及开庭传票。自公告之日起经过六十日即视为送达，逾期将依法缺席判决。
江苏省徐州市云龙区人民法院
赵刚：本院受理原告某某银行诉被告赵刚金融借款合同纠纷一案，已审理终结。现依法向你公告送达民事判决书。自公告之日起经过六十日即视为送达，如不服本判决，可在公告期满之日起十五日内向本院递交上诉状。
江苏省无锡市梁溪区人民法院
钱伟：本院受理原告某某与被告钱伟民间借贷纠纷一案，现依法向你公告送达起诉状副本、应诉通知书、举证通知书及开庭传票。自公告之日起经过三十日即视为送达，逾期将依法缺席判决。
江苏省苏州市姑苏区人民法院
冯建军：本院受理原告某某与被告冯建军买卖合同纠纷一案，现依法向你公告送达起诉状副本、应诉通知书、举证通知书、开庭传票。自公告之日起经过三十日即视为送达，逾期将依法缺席判决。
江苏省扬州市邗江区人民法院
蒋丽华：本院受理原告某某与被告蒋丽华房屋租赁合同纠纷一案，现依法向你公告送达起诉状副本、应诉通知书、举证通知书及开庭传票。自公告之日起经过三十日即视为送达，逾期将依法缺席判决。
贵州省贵阳市云岩区人民法院
沈明：本院受理原告某某与被告沈明劳务合同纠纷一案，现依法向你公告送达起诉状副本、应诉通知书、举证通知书及开庭传票。自公告之日起经过三十日即视为送达，逾期将依法缺席判决。
江苏省南通市崇川区人民法院
张某某：本院受理原告某某与被告张某某机动车交通事故责任纠纷一案，现依法向你公告送达起诉状副本、应诉通知书、举证通知书、开庭传票。自公告之日起经过三十日即视为送达，逾期将依法缺席判决。
安徽省合肥市蜀山区人民法院
王海涛：本院受理原告某某与被告王海涛合伙协议纠纷一案，现依法向你公告送达起诉状副本、应诉通知书、举证通知书及开庭传票。自公告之日起经过三十日即视为送达，逾期将依法缺席判决。
江苏省南京市鼓楼区人民法院
李娜：本院受理原告某某与被告李娜离婚纠纷一案，现依法向你公告送达起诉状副本、应诉通知书、举证通知书及开庭传票。自公告之日起经过六十日即视为送达，逾期将依法缺席判决。
江苏省徐州市云龙区人民法院
赵刚：本院受理原告某某银行诉被告赵刚金融借款合同纠纷一案，已审理终结。现依法向你公告送达民事判决书。自公告之日起经过六十日即视为送达，如不服本判决，可在公告期满之日起十五日内向本院递交上诉状。
江苏省无锡市梁溪区人民法院
钱伟：本院受理原告某某与被告钱伟民间借贷纠纷一案，现依法向你公告送达起诉状副本、应诉通知书、举证通知书及开庭传票。自公告之日起经过三十日即视为送达，逾期将依法缺席判决。
江苏省苏州市姑苏区人民法院
冯建军：本院受理原告某某与被告冯建军买卖合同纠纷一案，现依法向你公告送达起诉状副本、应诉通知书、举证通知书、开庭传票。自公告之日起经过三十日即视为送达，逾期将依法缺席判决。
江苏省扬州市邗江区人民法院
蒋丽华：本院受理原告某某与被告蒋丽华房屋租赁合同纠纷一案，现依法向你公告送达起诉状副本、应诉通知书、举证通知书及开庭传票。自公告之日起经过三十日即视为送达，逾期将依法缺席判决。
贵州省贵阳市云岩区人民法院
沈明：本院受理原告某某与被告沈明劳务合同纠纷一案，现依法向你公告送达起诉状副本、应诉通知书、举证通知书及开庭传票。自公告之日起经过三十日即视为送达，逾期将依法缺席判决。
江苏省南通市崇川区人民法院
张某某：本院受理原告某某与被告张某某机动车交通事故责任纠纷一案，现依法向你公告送达起诉状副本、应诉通知书、举证通知书、开庭传票。自公告之日起经过三十日即视为送达，逾期将依法缺席判决。
安徽省合肥市蜀山区人民法院
王海涛：本院受理原告某某与被告王海涛合伙协议纠纷一案，现依法向你公告送达起诉状副本、应诉通知书、举证通知书及开庭传票。自公告之日起经过三十日即视为送达，逾期将依法缺席判决。
江苏省南京市鼓楼区人民法院
李娜：本院受理原告某某与被告李娜离婚纠纷一案，现依法向你公告送达起诉状副本、应诉通知书、举证通知书及开庭传票。自公告之日起经过六十日即视为送达，逾期将依法缺席判决。
江苏省徐州市云龙区人民法院
赵刚：本院受理原告某某银行诉被告赵刚金融借款合同纠纷一案，已审理终结。现依法向你公告送达民事判决书。自公告之日起经过六十日即视为送达，如不服本判决，可在公告期满之日起十五日内向本院递交上诉状。
江苏省无锡市梁溪区人民法院
钱伟：本院受理原告某某与被告钱伟民间借贷纠纷一案，现依法向你公告送达起诉状副本、应诉通知书、举证通知书及开庭传票。自公告之日起经过三十日即视为送达，逾期将依法缺席判决。
江苏省苏州市姑苏区人民法院
冯建军：本院受理原告某某与被告冯建军买卖合同纠纷一案，现依法向你公告送达起诉状副本、应诉通知书、举证通知书、开庭传票。自公告之日起经过三十日即视为送达，逾期将依法缺席判决。
江苏省扬州市邗江区人民法院
蒋丽华：本院受理原告某某与被告蒋丽华房屋租赁合同纠纷一案，现依法向你公告送达起诉状副本、应诉通知书、举证通知书及开庭传票。自公告之日起经过三十日即视为送达，逾期将依法缺席判决。
贵州省贵阳市云岩区人民法院
沈明：本院受理原告某某与被告沈明劳务合同纠纷一案，现依法向你公告送达起诉状副本、应诉通知书、举证通知书及开庭传票。自公告之日起经过三十日即视为送达，逾期将依法缺席判决。
江苏省南通市崇川区人民法院
张某某：本院受理原告某某与被告张某某机动车交通事故责任纠纷一案，现依法向你公告送达起诉状副本、应诉通知书、举证通知书、开庭传票。自公告之日起经过三十日即视为送达，逾期将依法缺席判决。
安徽省合肥市蜀山区人民法院
王海涛：本院受理原告某某与被告王海涛合伙协议纠纷一案，现依法向你公告送达起诉状副本、应诉通知书、举证通知书及开庭传票。自公告之日起经过三十日即视为送达，逾期将依法缺席判决。
江苏省南京市鼓楼区人民法院
李娜：本院受理原告某某与被告李娜离婚纠纷一案，现依法向你公告送达起诉状副本、应诉通知书、举证通知书及开庭传票。自公告之日起经过六十日即视为送达，逾期将依法缺席判决。
江苏省徐州市云龙区人民法院
赵刚：本院受理原告某某银行诉被告赵刚金融借款合同纠纷一案，已审理终结。现依法向你公告送达民事判决书。自公告之日起经过六十日即视为送达，如不服本判决，可在公告期满之日起十五日内向本院递交上诉状。
江苏省无锡市梁溪区人民法院
钱伟：本院受理原告某某与被告钱伟民间借贷纠纷一案，现依法向你公告送达起诉状副本、应诉通知书、举证通知书及开庭传票。自公告之日起经过三十日即视为送达，逾期将依法缺席判决。
江苏省苏州市姑苏区人民法院
冯建军：本院受理原告某某与被告冯建军买卖合同纠纷一案，现依法向你公告送达起诉状副本、应诉通知书、举证通知书、开庭传票。自公告之日起经过三十日即视为送达，逾期将依法缺席判决。
江苏省扬州市邗江区人民法院
蒋丽华：本院受理原告某某与被告蒋丽华房屋租赁合同纠纷一案，现依法向你公告送达起诉状副本、应诉通知书、举证通知书及开庭传票。自公告之日起经过三十日即视为送达，逾期将依法缺席判决。
贵州省贵阳市云岩区人民法院
沈明：本院受理原告某某与被告沈明劳务合同纠纷一案，现依法向你公告送达起诉状副本、应诉通知书、举证通知书及开庭传票。自公告之日起经过三十日即视为送达，逾期将依法缺席判决。
江苏省南通市崇川区人民法院
张某某：本院受理原告某某与被告张某某机动车交通事故责任纠纷一案，现依法向你公告送达起诉状副本、应诉通知书、举证通知书、开庭传票。自公告之日起经过三十日即视为送达，逾期将依法缺席判决。
安徽省合肥市蜀山区人民法院
王海涛：本院受理原告某某与被告王海涛合伙协议纠纷一案，现依法向你公告送达起诉状副本、应诉通知书、举证通知书及开庭传票。自公告之日起经过三十日即视为送达，逾期将依法缺席判决。
江苏省南京市鼓楼区人民法院
李娜：本院受理原告某某与被告李娜离婚纠纷一案，现依法向你公告送达起诉状副本、应诉通知书、举证通知书及开庭传票。自公告之日起经过六十日即视为送达，逾期将依法缺席判决。
江苏省徐州市云龙区人民法院
赵刚：本院受理原告某某银行诉被告赵刚金融借款合同纠纷一案，已审理终结。现依法向你公告送达民事判决书。自公告之日起经过六十日即视为送达，如不服本判决，可在公告期满之日起十五日内向本院递交上诉状。
江苏省无锡市梁溪区人民法院
钱伟：本院受理原告某某与被告钱伟民间借贷纠纷一案，现依法向你公告送达起诉状副本、应诉通知书、举证通知书及开庭传票。自公告之日起经过三十日即视为送达，逾期将依法缺席判决。
江苏省苏州市姑苏区人民法院
冯建军：本院受理原告某某与被告冯建军买卖合同纠纷一案，现依法向你公告送达起诉状副本、应诉通知书、举证通知书、开庭传票。自公告之日起经过三十日即视为送达，逾期将依法缺席判决。
江苏省扬州市邗江区人民法院
蒋丽华：本院受理原告某某与被告蒋丽华房屋租赁合同纠纷一案，现依法向你公告送达起诉状副本、应诉通知书、举证通知书及开庭传票。自公告之日起经过三十日即视为送达，逾期将依法缺席判决。
贵州省贵阳市云岩区人民法院
沈明：本院受理原告某某与被告沈明劳务合同纠纷一案，现依法向你公告送达起诉状副本、应诉通知书、举证通知书及开庭传票。自公告之日起经过三十日即视为送达，逾期将依法缺席判决。
江苏省南通市崇川区人民法院
公告专栏
某某投资有限公司：本院受理原告某某与被告某某投资有限公司股权转让纠纷一案，现依法向你公告送达起诉状副本、应诉通知书、举证通知书及开庭传票。自公告之日起经过六十日即视为送达，逾期将依法缺席判决。
辽宁省沈阳市和平区人民法院
刘晓峰：本院受理原告某某与被告刘晓峰民间借贷纠纷一案，现依法向你公告送达起诉状副本、应诉通知书、举证通知书、开庭传票。自公告之日起经过三十日即视为送达，逾期将依法缺席判决。
安徽省芜湖市镜湖区人民法院
谢婷：本院受理原告某某与被告谢婷离婚纠纷一案，现依法向你公告送达起诉状副本、应诉通知书、举证通知书及开庭传票。自公告之日起经过六十日即视为送达，逾期将依法缺席判决。
广东省惠州市惠城区人民法院
唐建平：本院受理原告某某银行诉被告唐建平信用卡纠纷一案，已审理终结。现依法向你公告送达民事判决书。自公告之日起经过六十日即视为送达。
广东省深圳市福田区人民法院
韩梅：本院受理原告某某与被告韩梅合同纠纷一案，现依法向你公告送达起诉状副本、应诉通知书、举证通知书及开庭传票。自公告之日起经过三十日即视为送达，逾期将依法缺席判决。
四川省广元市利州区人民法院
曹亮：本院受理原告某某与被告曹亮买卖合同纠纷一案，现依法向你公告送达起诉状副本、应诉通知书、举证通知书及开庭传票。自公告之日起经过三十日即视为送达，逾期将依法缺席判决。
河南省郑州市金水区人民法院
袁丽：本院受理原告某某与被告袁丽租赁合同纠纷一案，现依法向你公告送达起诉状副本、应诉通知书、举证通知书、开庭传票。自公告之日起经过三十日即视为送达，逾期将依法缺席判决。
浙江省宁波市海曙区人民法院
死亡公告
姓名：某某，性别：男，出生日期：某年某月某日，公民身份号码：某某。本人于某年某月某日在某地死亡，特此公告。
北京市某某区民政局
某某投资有限公司：本院受理原告某某与被告某某投资有限公司股权转让纠纷一案，现依法向你公告送达起诉状副本、应诉通知书、举证通知书及开庭传票。自公告之日起经过六十日即视为送达，逾期将依法缺席判决。
辽宁省沈阳市和平区人民法院
刘晓峰：本院受理原告某某与被告刘晓峰民间借贷纠纷一案，现依法向你公告送达起诉状副本、应诉通知书、举证通知书、开庭传票。自公告之日起经过三十日即视为送达，逾期将依法缺席判决。
安徽省芜湖市镜湖区人民法院
谢婷：本院受理原告某某与被告谢婷离婚纠纷一案，现依法向你公告送达起诉状副本、应诉通知书、举证通知书及开庭传票。自公告之日起经过六十日即视为送达，逾期将依法缺席判决。
广东省惠州市惠城区人民法院
唐建平：本院受理原告某某银行诉被告唐建平信用卡纠纷一案，已审理终结。现依法向你公告送达民事判决书。自公告之日起经过六十日即视为送达。
广东省深圳市福田区人民法院
韩梅：本院受理原告某某与被告韩梅合同纠纷一案，现依法向你公告送达起诉状副本、应诉通知书、举证通知书及开庭传票。自公告之日起经过三十日即视为送达，逾期将依法缺席判决。
四川省广元市利州区人民法院
曹亮：本院受理原告某某与被告曹亮买卖合同纠纷一案，现依法向你公告送达起诉状副本、应诉通知书、举证通知书及开庭传票。自公告之日起经过三十日即视为送达，逾期将依法缺席判决。
河南省郑州市金水区人民法院
袁丽：本院受理原告某某与被告袁丽租赁合同纠纷一案，现依法向你公告送达起诉状副本、应诉通知书、举证通知书、开庭传票。自公告之日起经过三十日即视为送达，逾期将依法缺席判决。
浙江省宁波市海曙区人民法院
某某投资有限公司：本院受理原告某某与被告某某投资有限公司股权转让纠纷一案，现依法向你公告送达起诉状副本、应诉通知书、举证通知书及开庭传票。自公告之日起经过六十日即视为送达，逾期将依法缺席判决。
辽宁省沈阳市和平区人民法院
刘晓峰：本院受理原告某某与被告刘晓峰民间借贷纠纷一案，现依法向你公告送达起诉状副本、应诉通知书、举证通知书、开庭传票。自公告之日起经过三十日即视为送达，逾期将依法缺席判决。
安徽省芜湖市镜湖区人民法院
谢婷：本院受理原告某某与被告谢婷离婚纠纷一案，现依法向你公告送达起诉状副本、应诉通知书、举证通知书及开庭传票。自公告之日起经过六十日即视为送达，逾期将依法缺席判决。
广东省惠州市惠城区人民法院
唐建平：本院受理原告某某银行诉被告唐建平信用卡纠纷一案，已审理终结。现依法向你公告送达民事判决书。自公告之日起经过六十日即视为送达。
广东省深圳市福田区人民法院
韩梅：本院受理原告某某与被告韩梅合同纠纷一案，现依法向你公告送达起诉状副本、应诉通知书、举证通知书及开庭传票。自公告之日起经过三十日即视为送达，逾期将依法缺席判决。
四川省广元市利州区人民法院
曹亮：本院受理原告某某与被告曹亮买卖合同纠纷一案，现依法向你公告送达起诉状副本、应诉通知书、举证通知书及开庭传票。自公告之日起经过三十日即视为送达，逾期将依法缺席判决。
河南省郑州市金水区人民法院
袁丽：本院受理原告某某与被告袁丽租赁合同纠纷一案，现依法向你公告送达起诉状副本、应诉通知书、举证通知书、开庭传票。自公告之日起经过三十日即视为送达，逾期将依法缺席判决。
浙江省宁波市海曙区人民法院
某某投资有限公司：本院受理原告某某与被告某某投资有限公司股权转让纠纷一案，现依法向你公告送达起诉状副本、应诉通知书、举证通知书及开庭传票。自公告之日起经过六十日即视为送达，逾期将依法缺席判决。
辽宁省沈阳市和平区人民法院
刘晓峰：本院受理原告某某与被告刘晓峰民间借贷纠纷一案，现依法向你公告送达起诉状副本、应诉通知书、举证通知书、开庭传票。自公告之日起经过三十日即视为送达，逾期将依法缺席判决。
安徽省芜湖市镜湖区人民法院
谢婷：本院受理原告某某与被告谢婷离婚纠纷一案，现依法向你公告送达起诉状副本、应诉通知书、举证通知书及开庭传票。自公告之日起经过六十日即视为送达，逾期将依法缺席判决。
广东省惠州市惠城区人民法院
唐建平：本院受理原告某某银行诉被告唐建平信用卡纠纷一案，已审理终结。现依法向你公告送达民事判决书。自公告之日起经过六十日即视为送达。
广东省深圳市福田区人民法院
韩梅：本院受理原告某某与被告韩梅合同纠纷一案，现依法向你公告送达起诉状副本、应诉通知书、举证通知书及开庭传票。自公告之日起经过三十日即视为送达，逾期将依法缺席判决。
四川省广元市利州区人民法院
曹亮：本院受理原告某某与被告曹亮买卖合同纠纷一案，现依法向你公告送达起诉状副本、应诉通知书、举证通知书及开庭传票。自公告之日起经过三十日即视为送达，逾期将依法缺席判决。
河南省郑州市金水区人民法院
袁丽：本院受理原告某某与被告袁丽租赁合同纠纷一案，现依法向你公告送达起诉状副本、应诉通知书、举证通知书、开庭传票。自公告之日起经过三十日即视为送达，逾期将依法缺席判决。
浙江省宁波市海曙区人民法院
某某投资有限公司：本院受理原告某某与被告某某投资有限公司股权转让纠纷一案，现依法向你公告送达起诉状副本、应诉通知书、举证通知书及开庭传票。自公告之日起经过六十日即视为送达，逾期将依法缺席判决。
辽宁省沈阳市和平区人民法院
刘晓峰：本院受理原告某某与被告刘晓峰民间借贷纠纷一案，现依法向你公告送达起诉状副本、应诉通知书、举证通知书、开庭传票。自公告之日起经过三十日即视为送达，逾期将依法缺席判决。
安徽省芜湖市镜湖区人民法院
谢婷：本院受理原告某某与被告谢婷离婚纠纷一案，现依法向你公告送达起诉状副本、应诉通知书、举证通知书及开庭传票。自公告之日起经过六十日即视为送达，逾期将依法缺席判决。
广东省惠州市惠城区人民法院
唐建平：本院受理原告某某银行诉被告唐建平信用卡纠纷一案，已审理终结。现依法向你公告送达民事判决书。自公告之日起经过六十日即视为送达。
广东省深圳市福田区人民法院
韩梅：本院受理原告某某与被告韩梅合同纠纷一案，现依法向你公告送达起诉状副本、应诉通知书、举证通知书及开庭传票。自公告之日起经过三十日即视为送达，逾期将依法缺席判决。
四川省广元市利州区人民法院
曹亮：本院受理原告某某与被告曹亮买卖合同纠纷一案，现依法向你公告送达起诉状副本、应诉通知书、举证通知书及开庭传票。自公告之日起经过三十日即视为送达，逾期将依法缺席判决。
河南省郑州市金水区人民法院
袁丽：本院受理原告某某与被告袁丽租赁合同纠纷一案，现依法向你公告送达起诉状副本、应诉通知书、举证通知书、开庭传票。自公告之日起经过三十日即视为送达，逾期将依法缺席判决。
浙江省宁波市海曙区人民法院
某某投资有限公司：本院受理原告某某与被告某某投资有限公司股权转让纠纷一案，现依法向你公告送达起诉状副本、应诉通知书、举证通知书及开庭传票。自公告之日起经过六十日即视为送达，逾期将依法缺席判决。
辽宁省沈阳市和平区人民法院
刘晓峰：本院受理原告某某与被告刘晓峰民间借贷纠纷一案，现依法向你公告送达起诉状副本、应诉通知书、举证通知书、开庭传票。自公告之日起经过三十日即视为送达，逾期将依法缺席判决。
安徽省芜湖市镜湖区人民法院
谢婷：本院受理原告某某与被告谢婷离婚纠纷一案，现依法向你公告送达起诉状副本、应诉通知书、举证通知书及开庭传票。自公告之日起经过六十日即视为送达，逾期将依法缺席判决。
广东省惠州市惠城区人民法院
唐建平：本院受理原告某某银行诉被告唐建平信用卡纠纷一案，已审理终结。现依法向你公告送达民事判决书。自公告之日起经过六十日即视为送达。
广东省深圳市福田区人民法院
韩梅：本院受理原告某某与被告韩梅合同纠纷一案，现依法向你公告送达起诉状副本、应诉通知书、举证通知书及开庭传票。自公告之日起经过三十日即视为送达，逾期将依法缺席判决。
四川省广元市利州区人民法院
曹亮：本院受理原告某某与被告曹亮买卖合同纠纷一案，现依法向你公告送达起诉状副本、应诉通知书、举证通知书及开庭传票。自公告之日起经过三十日即视为送达，逾期将依法缺席判决。
河南省郑州市金水区人民法院
袁丽：本院受理原告某某与被告袁丽租赁合同纠纷一案，现依法向你公告送达起诉状副本、应诉通知书、举证通知书、开庭传票。自公告之日起经过三十日即视为送达，逾期将依法缺席判决。
浙江省宁波市海曙区人民法院
某某投资有限公司：本院受理原告某某与被告某某投资有限公司股权转让纠纷一案，现依法向你公告送达起诉状副本、应诉通知书、举证通知书及开庭传票。自公告之日起经过六十日即视为送达，逾期将依法缺席判决。
辽宁省沈阳市和平区人民法院
刘晓峰：本院受理原告某某与被告刘晓峰民间借贷纠纷一案，现依法向你公告送达起诉状副本、应诉通知书、举证通知书、开庭传票。自公告之日起经过三十日即视为送达，逾期将依法缺席判决。
安徽省芜湖市镜湖区人民法院
谢婷：本院受理原告某某与被告谢婷离婚纠纷一案，现依法向你公告送达起诉状副本、应诉通知书、举证通知书及开庭传票。自公告之日起经过六十日即视为送达，逾期将依法缺席判决。
广东省惠州市惠城区人民法院
唐建平：本院受理原告某某银行诉被告唐建平信用卡纠纷一案，已审理终结。现依法向你公告送达民事判决书。自公告之日起经过六十日即视为送达。
广东省深圳市福田区人民法院
韩梅：本院受理原告某某与被告韩梅合同纠纷一案，现依法向你公告送达起诉状副本、应诉通知书、举证通知书及开庭传票。自公告之日起经过三十日即视为送达，逾期将依法缺席判决。
四川省广元市利州区人民法院
曹亮：本院受理原告某某与被告曹亮买卖合同纠纷一案，现依法向你公告送达起诉状副本、应诉通知书、举证通知书及开庭传票。自公告之日起经过三十日即视为送达，逾期将依法缺席判决。
河南省郑州市金水区人民法院
袁丽：本院受理原告某某与被告袁丽租赁合同纠纷一案，现依法向你公告送达起诉状副本、应诉通知书、举证通知书、开庭传票。自公告之日起经过三十日即视为送达，逾期将依法缺席判决。
浙江省宁波市海曙区人民法院
公告专栏
大众住宅房地产开发有限公司：本院受理原告某某与被告大众住宅房地产开发有限公司商品房预售合同纠纷一案，现依法向你公司公告送达起诉状副本、应诉通知书、举证通知书及开庭传票。自公告之日起经过六十日即视为送达，逾期将依法缺席判决。
贵州省贵阳市中级人民法院
大众住宅房地产开发有限公司：本院受理原告某某与被告大众住宅房地产开发有限公司房屋买卖合同纠纷一案，现依法向你公司公告送达起诉状副本、应诉通知书、举证通知书及开庭传票。自公告之日起经过六十日即视为送达，逾期将依法缺席判决。
贵州省贵阳市中级人民法院
大众住宅房地产开发有限公司：本院受理原告某某与被告大众住宅房地产开发有限公司商品房销售合同纠纷一案，现依法向你公司公告送达起诉状副本、应诉通知书、举证通知书及开庭传票。自公告之日起经过六十日即视为送达，逾期将依法缺席判决。
贵州省贵阳市中级人民法院
大众住宅房地产开发有限公司：本院受理原告某某与被告大众住宅房地产开发有限公司房屋买卖合同纠纷一案，已审理终结。现依法向你公司公告送达民事判决书。自公告之日起经过六十日即视为送达。
贵州省贵阳市中级人民法院
大众住宅房地产开发有限公司：本院受理原告某某与被告大众住宅房地产开发有限公司商品房预售合同纠纷一案，现依法向你公司公告送达起诉状副本、应诉通知书、举证通知书及开庭传票。自公告之日起经过六十日即视为送达，逾期将依法缺席判决。
贵州省贵阳市中级人民法院
大众住宅房地产开发有限公司：本院受理原告某某与被告大众住宅房地产开发有限公司房屋买卖合同纠纷一案，现依法向你公司公告送达起诉状副本、应诉通知书、举证通知书及开庭传票。自公告之日起经过六十日即视为送达，逾期将依法缺席判决。
贵州省贵阳市中级人民法院
大众住宅房地产开发有限公司：本院受理原告某某与被告大众住宅房地产开发有限公司商品房销售合同纠纷一案，现依法向你公司公告送达起诉状副本、应诉通知书、举证通知书及开庭传票。自公告之日起经过六十日即视为送达，逾期将依法缺席判决。
贵州省贵阳市中级人民法院
大众住宅房地产开发有限公司：本院受理原告某某与被告大众住宅房地产开发有限公司房屋买卖合同纠纷一案，已审理终结。现依法向你公司公告送达民事判决书。自公告之日起经过六十日即视为送达。
贵州省贵阳市中级人民法院
大众住宅房地产开发有限公司：本院受理原告某某与被告大众住宅房地产开发有限公司商品房预售合同纠纷一案，现依法向你公司公告送达起诉状副本、应诉通知书、举证通知书及开庭传票。自公告之日起经过六十日即视为送达，逾期将依法缺席判决。
贵州省贵阳市中级人民法院
大众住宅房地产开发有限公司：本院受理原告某某与被告大众住宅房地产开发有限公司房屋买卖合同纠纷一案，现依法向你公司公告送达起诉状副本、应诉通知书、举证通知书及开庭传票。自公告之日起经过六十日即视为送达，逾期将依法缺席判决。
贵州省贵阳市中级人民法院
大众住宅房地产开发有限公司：本院受理原告某某与被告大众住宅房地产开发有限公司商品房销售合同纠纷一案，现依法向你公司公告送达起诉状副本、应诉通知书、举证通知书及开庭传票。自公告之日起经过六十日即视为送达，逾期将依法缺席判决。
贵州省贵阳市中级人民法院
大众住宅房地产开发有限公司：本院受理原告某某与被告大众住宅房地产开发有限公司房屋买卖合同纠纷一案，已审理终结。现依法向你公司公告送达民事判决书。自公告之日起经过六十日即视为送达。
贵州省贵阳市中级人民法院
大众住宅房地产开发有限公司：本院受理原告某某与被告大众住宅房地产开发有限公司商品房预售合同纠纷一案，现依法向你公司公告送达起诉状副本、应诉通知书、举证通知书及开庭传票。自公告之日起经过六十日即视为送达，逾期将依法缺席判决。
贵州省贵阳市中级人民法院
大众住宅房地产开发有限公司：本院受理原告某某与被告大众住宅房地产开发有限公司房屋买卖合同纠纷一案，现依法向你公司公告送达起诉状副本、应诉通知书、举证通知书及开庭传票。自公告之日起经过六十日即视为送达，逾期将依法缺席判决。
贵州省贵阳市中级人民法院
大众住宅房地产开发有限公司：本院受理原告某某与被告大众住宅房地产开发有限公司商品房销售合同纠纷一案，现依法向你公司公告送达起诉状副本、应诉通知书、举证通知书及开庭传票。自公告之日起经过六十日即视为送达，逾期将依法缺席判决。
贵州省贵阳市中级人民法院
大众住宅房地产开发有限公司：本院受理原告某某与被告大众住宅房地产开发有限公司房屋买卖合同纠纷一案，已审理终结。现依法向你公司公告送达民事判决书。自公告之日起经过六十日即视为送达。
贵州省贵阳市中级人民法院
大众住宅房地产开发有限公司：本院受理原告某某与被告大众住宅房地产开发有限公司商品房预售合同纠纷一案，现依法向你公司公告送达起诉状副本、应诉通知书、举证通知书及开庭传票。自公告之日起经过六十日即视为送达，逾期将依法缺席判决。
贵州省贵阳市中级人民法院
大众住宅房地产开发有限公司：本院受理原告某某与被告大众住宅房地产开发有限公司房屋买卖合同纠纷一案，现依法向你公司公告送达起诉状副本、应诉通知书、举证通知书及开庭传票。自公告之日起经过六十日即视为送达，逾期将依法缺席判决。
贵州省贵阳市中级人民法院
大众住宅房地产开发有限公司：本院受理原告某某与被告大众住宅房地产开发有限公司商品房销售合同纠纷一案，现依法向你公司公告送达起诉状副本、应诉通知书、举证通知书及开庭传票。自公告之日起经过六十日即视为送达，逾期将依法缺席判决。
贵州省贵阳市中级人民法院
大众住宅房地产开发有限公司：本院受理原告某某与被告大众住宅房地产开发有限公司房屋买卖合同纠纷一案，已审理终结。现依法向你公司公告送达民事判决书。自公告之日起经过六十日即视为送达。
贵州省贵阳市中级人民法院
大众住宅房地产开发有限公司：本院受理原告某某与被告大众住宅房地产开发有限公司商品房预售合同纠纷一案，现依法向你公司公告送达起诉状副本、应诉通知书、举证通知书及开庭传票。自公告之日起经过六十日即视为送达，逾期将依法缺席判决。
贵州省贵阳市中级人民法院
大众住宅房地产开发有限公司：本院受理原告某某与被告大众住宅房地产开发有限公司房屋买卖合同纠纷一案，现依法向你公司公告送达起诉状副本、应诉通知书、举证通知书及开庭传票。自公告之日起经过六十日即视为送达，逾期将依法缺席判决。
贵州省贵阳市中级人民法院
大众住宅房地产开发有限公司：本院受理原告某某与被告大众住宅房地产开发有限公司商品房销售合同纠纷一案，现依法向你公司公告送达起诉状副本、应诉通知书、举证通知书及开庭传票。自公告之日起经过六十日即视为送达，逾期将依法缺席判决。
贵州省贵阳市中级人民法院
大众住宅房地产开发有限公司：本院受理原告某某与被告大众住宅房地产开发有限公司房屋买卖合同纠纷一案，已审理终结。现依法向你公司公告送达民事判决书。自公告之日起经过六十日即视为送达。
贵州省贵阳市中级人民法院
大众住宅房地产开发有限公司：本院受理原告某某与被告大众住宅房地产开发有限公司商品房预售合同纠纷一案，现依法向你公司公告送达起诉状副本、应诉通知书、举证通知书及开庭传票。自公告之日起经过六十日即视为送达，逾期将依法缺席判决。
贵州省贵阳市中级人民法院
大众住宅房地产开发有限公司：本院受理原告某某与被告大众住宅房地产开发有限公司房屋买卖合同纠纷一案，现依法向你公司公告送达起诉状副本、应诉通知书、举证通知书及开庭传票。自公告之日起经过六十日即视为送达，逾期将依法缺席判决。
贵州省贵阳市中级人民法院
大众住宅房地产开发有限公司：本院受理原告某某与被告大众住宅房地产开发有限公司商品房销售合同纠纷一案，现依法向你公司公告送达起诉状副本、应诉通知书、举证通知书及开庭传票。自公告之日起经过六十日即视为送达，逾期将依法缺席判决。
贵州省贵阳市中级人民法院
大众住宅房地产开发有限公司：本院受理原告某某与被告大众住宅房地产开发有限公司房屋买卖合同纠纷一案，已审理终结。现依法向你公司公告送达民事判决书。自公告之日起经过六十日即视为送达。
贵州省贵阳市中级人民法院
大众住宅房地产开发有限公司：本院受理原告某某与被告大众住宅房地产开发有限公司商品房预售合同纠纷一案，现依法向你公司公告送达起诉状副本、应诉通知书、举证通知书及开庭传票。自公告之日起经过六十日即视为送达，逾期将依法缺席判决。
贵州省贵阳市中级人民法院
大众住宅房地产开发有限公司：本院受理原告某某与被告大众住宅房地产开发有限公司房屋买卖合同纠纷一案，现依法向你公司公告送达起诉状副本、应诉通知书、举证通知书及开庭传票。自公告之日起经过六十日即视为送达，逾期将依法缺席判决。
贵州省贵阳市中级人民法院
大众住宅房地产开发有限公司：本院受理原告某某与被告大众住宅房地产开发有限公司商品房销售合同纠纷一案，现依法向你公司公告送达起诉状副本、应诉通知书、举证通知书及开庭传票。自公告之日起经过六十日即视为送达，逾期将依法缺席判决。
贵州省贵阳市中级人民法院
大众住宅房地产开发有限公司：本院受理原告某某与被告大众住宅房地产开发有限公司房屋买卖合同纠纷一案，已审理终结。现依法向你公司公告送达民事判决书。自公告之日起经过六十日即视为送达。
贵州省贵阳市中级人民法院
大众住宅房地产开发有限公司：本院受理原告某某与被告大众住宅房地产开发有限公司商品房预售合同纠纷一案，现依法向你公司公告送达起诉状副本、应诉通知书、举证通知书及开庭传票。自公告之日起经过六十日即视为送达，逾期将依法缺席判决。
贵州省贵阳市中级人民法院
大众住宅房地产开发有限公司：本院受理原告某某与被告大众住宅房地产开发有限公司房屋买卖合同纠纷一案，现依法向你公司公告送达起诉状副本、应诉通知书、举证通知书及开庭传票。自公告之日起经过六十日即视为送达，逾期将依法缺席判决。
贵州省贵阳市中级人民法院
大众住宅房地产开发有限公司：本院受理原告某某与被告大众住宅房地产开发有限公司商品房销售合同纠纷一案，现依法向你公司公告送达起诉状副本、应诉通知书、举证通知书及开庭传票。自公告之日起经过六十日即视为送达，逾期将依法缺席判决。
贵州省贵阳市中级人民法院
大众住宅房地产开发有限公司：本院受理原告某某与被告大众住宅房地产开发有限公司房屋买卖合同纠纷一案，已审理终结。现依法向你公司公告送达民事判决书。自公告之日起经过六十日即视为送达。
贵州省贵阳市中级人民法院
大众住宅房地产开发有限公司：本院受理原告某某与被告大众住宅房地产开发有限公司商品房预售合同纠纷一案，现依法向你公司公告送达起诉状副本、应诉通知书、举证通知书及开庭传票。自公告之日起经过六十日即视为送达，逾期将依法缺席判决。
贵州省贵阳市中级人民法院
大众住宅房地产开发有限公司：本院受理原告某某与被告大众住宅房地产开发有限公司房屋买卖合同纠纷一案，现依法向你公司公告送达起诉状副本、应诉通知书、举证通知书及开庭传票。自公告之日起经过六十日即视为送达，逾期将依法缺席判决。
贵州省贵阳市中级人民法院
大众住宅房地产开发有限公司：本院受理原告某某与被告大众住宅房地产开发有限公司商品房销售合同纠纷一案，现依法向你公司公告送达起诉状副本、应诉通知书、举证通知书及开庭传票。自公告之日起经过六十日即视为送达，逾期将依法缺席判决。
贵州省贵阳市中级人民法院
大众住宅房地产开发有限公司：本院受理原告某某与被告大众住宅房地产开发有限公司房屋买卖合同纠纷一案，已审理终结。现依法向你公司公告送达民事判决书。自公告之日起经过六十日即视为送达。
贵州省贵阳市中级人民法院
大众住宅房地产开发有限公司：本院受理原告某某与被告大众住宅房地产开发有限公司商品房预售合同纠纷一案，现依法向你公司公告送达起诉状副本、应诉通知书、举证通知书及开庭传票。自公告之日起经过六十日即视为送达，逾期将依法缺席判决。
贵州省贵阳市中级人民法院
大众住宅房地产开发有限公司：本院受理原告某某与被告大众住宅房地产开发有限公司房屋买卖合同纠纷一案，现依法向你公司公告送达起诉状副本、应诉通知书、举证通知书及开庭传票。自公告之日起经过六十日即视为送达，逾期将依法缺席判决。
贵州省贵阳市中级人民法院
大众住宅房地产开发有限公司：本院受理原告某某与被告大众住宅房地产开发有限公司商品房销售合同纠纷一案，现依法向你公司公告送达起诉状副本、应诉通知书、举证通知书及开庭传票。自公告之日起经过六十日即视为送达，逾期将依法缺席判决。
贵州省贵阳市中级人民法院
大众住宅房地产开发有限公司：本院受理原告某某与被告大众住宅房地产开发有限公司房屋买卖合同纠纷一案，已审理终结。现依法向你公司公告送达民事判决书。自公告之日起经过六十日即视为送达。
贵州省贵阳市中级人民法院
大众住宅房地产开发有限公司：本院受理原告某某与被告大众住宅房地产开发有限公司商品房预售合同纠纷一案，现依法向你公司公告送达起诉状副本、应诉通知书、举证通知书及开庭传票。自公告之日起经过六十日即视为送达，逾期将依法缺席判决。
贵州省贵阳市中级人民法院
大众住宅房地产开发有限公司：本院受理原告某某与被告大众住宅房地产开发有限公司房屋买卖合同纠纷一案，现依法向你公司公告送达起诉状副本、应诉通知书、举证通知书及开庭传票。自公告之日起经过六十日即视为送达，逾期将依法缺席判决。
贵州省贵阳市中级人民法院
大众住宅房地产开发有限公司：本院受理原告某某与被告大众住宅房地产开发有限公司商品房销售合同纠纷一案，现依法向你公司公告送达起诉状副本、应诉通知书、举证通知书及开庭传票。自公告之日起经过六十日即视为送达，逾期将依法缺席判决。
贵州省贵阳市中级人民法院
大众住宅房地产开发有限公司：本院受理原告某某与被告大众住宅房地产开发有限公司房屋买卖合同纠纷一案，已审理终结。现依法向你公司公告送达民事判决书。自公告之日起经过六十日即视为送达。
贵州省贵阳市中级人民法院
大众住宅房地产开发有限公司：本院受理原告某某与被告大众住宅房地产开发有限公司商品房预售合同纠纷一案，现依法向你公司公告送达起诉状副本、应诉通知书、举证通知书及开庭传票。自公告之日起经过六十日即视为送达，逾期将依法缺席判决。
贵州省贵阳市中级人民法院
大众住宅房地产开发有限公司：本院受理原告某某与被告大众住宅房地产开发有限公司房屋买卖合同纠纷一案，现依法向你公司公告送达起诉状副本、应诉通知书、举证通知书及开庭传票。自公告之日起经过六十日即视为送达，逾期将依法缺席判决。
贵州省贵阳市中级人民法院
大众住宅房地产开发有限公司：本院受理原告某某与被告大众住宅房地产开发有限公司商品房销售合同纠纷一案，现依法向你公司公告送达起诉状副本、应诉通知书、举证通知书及开庭传票。自公告之日起经过六十日即视为送达，逾期将依法缺席判决。
贵州省贵阳市中级人民法院
大众住宅房地产开发有限公司：本院受理原告某某与被告大众住宅房地产开发有限公司房屋买卖合同纠纷一案，已审理终结。现依法向你公司公告送达民事判决书。自公告之日起经过六十日即视为送达。
贵州省贵阳市中级人民法院
大众住宅房地产开发有限公司：本院受理原告某某与被告大众住宅房地产开发有限公司商品房预售合同纠纷一案，现依法向你公司公告送达起诉状副本、应诉通知书、举证通知书及开庭传票。自公告之日起经过六十日即视为送达，逾期将依法缺席判决。
贵州省贵阳市中级人民法院
大众住宅房地产开发有限公司：本院受理原告某某与被告大众住宅房地产开发有限公司房屋买卖合同纠纷一案，现依法向你公司公告送达起诉状副本、应诉通知书、举证通知书及开庭传票。自公告之日起经过六十日即视为送达，逾期将依法缺席判决。
贵州省贵阳市中级人民法院
大众住宅房地产开发有限公司：本院受理原告某某与被告大众住宅房地产开发有限公司商品房销售合同纠纷一案，现依法向你公司公告送达起诉状副本、应诉通知书、举证通知书及开庭传票。自公告之日起经过六十日即视为送达，逾期将依法缺席判决。
贵州省贵阳市中级人民法院
大众住宅房地产开发有限公司：本院受理原告某某与被告大众住宅房地产开发有限公司房屋买卖合同纠纷一案，已审理终结。现依法向你公司公告送达民事判决书。自公告之日起经过六十日即视为送达。
贵州省贵阳市中级人民法院
公告专栏
遗失声明某某遗失身份证、营业执照正副本、公章、财务专用章、发票专用章，声明作废。某某公司遗失机动车登记证书、行驶证，声明作废。某某遗失出生医学证明，编号某某，声明作废。
减资公告本公司经股东决定，注册资本由人民币伍佰万元减少至人民币壹佰万元，请债权人自本公告之日起四十五日内向本公司申报债权。
某某贸易有限公司
注销公告本公司经股东会决议，决定注销本公司，请债权人自本公告之日起四十五日内向本公司清算组申报债权。
某某科技有限公司清算组
遗失声明某某遗失道路运输证、从业资格证，声明作废。某某遗失不动产权证书，声明作废。某某公司遗失开户许可证，核准号某某，声明作废。
行政处罚决定书送达公告因你单位下落不明，依据有关规定，现依法向你单位公告送达行政处罚决定书。自公告之日起经过六十日即视为送达。
某某市场监督管理局
遗失声明某某遗失身份证、营业执照正副本、公章、财务专用章、发票专用章，声明作废。某某公司遗失机动车登记证书、行驶证，声明作废。某某遗失出生医学证明，编号某某，声明作废。
减资公告本公司经股东决定，注册资本由人民币伍佰万元减少至人民币壹佰万元，请债权人自本公告之日起四十五日内向本公司申报债权。
某某贸易有限公司
注销公告本公司经股东会决议，决定注销本公司，请债权人自本公告之日起四十五日内向本公司清算组申报债权。
某某科技有限公司清算组
遗失声明某某遗失道路运输证、从业资格证，声明作废。某某遗失不动产权证书，声明作废。某某公司遗失开户许可证，核准号某某，声明作废。
行政处罚决定书送达公告因你单位下落不明，依据有关规定，现依法向你单位公告送达行政处罚决定书。自公告之日起经过六十日即视为送达。
某某市场监督管理局
遗失声明某某遗失身份证、营业执照正副本、公章、财务专用章、发票专用章，声明作废。某某公司遗失机动车登记证书、行驶证，声明作废。某某遗失出生医学证明，编号某某，声明作废。
减资公告本公司经股东决定，注册资本由人民币伍佰万元减少至人民币壹佰万元，请债权人自本公告之日起四十五日内向本公司申报债权。
某某贸易有限公司
注销公告本公司经股东会决议，决定注销本公司，请债权人自本公告之日起四十五日内向本公司清算组申报债权。
某某科技有限公司清算组
遗失声明某某遗失道路运输证、从业资格证，声明作废。某某遗失不动产权证书，声明作废。某某公司遗失开户许可证，核准号某某，声明作废。
行政处罚决定书送达公告因你单位下落不明，依据有关规定，现依法向你单位公告送达行政处罚决定书。自公告之日起经过六十日即视为送达。
某某市场监督管理局
遗失声明某某遗失身份证、营业执照正副本、公章、财务专用章、发票专用章，声明作废。某某公司遗失机动车登记证书、行驶证，声明作废。某某遗失出生医学证明，编号某某，声明作废。
减资公告本公司经股东决定，注册资本由人民币伍佰万元减少至人民币壹佰万元，请债权人自本公告之日起四十五日内向本公司申报债权。
某某贸易有限公司
注销公告本公司经股东会决议，决定注销本公司，请债权人自本公告之日起四十五日内向本公司清算组申报债权。
某某科技有限公司清算组
遗失声明某某遗失道路运输证、从业资格证，声明作废。某某遗失不动产权证书，声明作废。某某公司遗失开户许可证，核准号某某，声明作废。
行政处罚决定书送达公告因你单位下落不明，依据有关规定，现依法向你单位公告送达行政处罚决定书。自公告之日起经过六十日即视为送达。
某某市场监督管理局
遗失声明某某遗失身份证、营业执照正副本、公章、财务专用章、发票专用章，声明作废。某某公司遗失机动车登记证书、行驶证，声明作废。某某遗失出生医学证明，编号某某，声明作废。
减资公告本公司经股东决定，注册资本由人民币伍佰万元减少至人民币壹佰万元，请债权人自本公告之日起四十五日内向本公司申报债权。
某某贸易有限公司
注销公告本公司经股东会决议，决定注销本公司，请债权人自本公告之日起四十五日内向本公司清算组申报债权。
某某科技有限公司清算组
遗失声明某某遗失道路运输证、从业资格证，声明作废。某某遗失不动产权证书，声明作废。某某公司遗失开户许可证，核准号某某，声明作废。
行政处罚决定书送达公告因你单位下落不明，依据有关规定，现依法向你单位公告送达行政处罚决定书。自公告之日起经过六十日即视为送达。
某某市场监督管理局
遗失声明某某遗失身份证、营业执照正副本、公章、财务专用章、发票专用章，声明作废。某某公司遗失机动车登记证书、行驶证，声明作废。某某遗失出生医学证明，编号某某，声明作废。
减资公告本公司经股东决定，注册资本由人民币伍佰万元减少至人民币壹佰万元，请债权人自本公告之日起四十五日内向本公司申报债权。
某某贸易有限公司
注销公告本公司经股东会决议，决定注销本公司，请债权人自本公告之日起四十五日内向本公司清算组申报债权。
某某科技有限公司清算组
遗失声明某某遗失道路运输证、从业资格证，声明作废。某某遗失不动产权证书，声明作废。某某公司遗失开户许可证，核准号某某，声明作废。
行政处罚决定书送达公告因你单位下落不明，依据有关规定，现依法向你单位公告送达行政处罚决定书。自公告之日起经过六十日即视为送达。
某某市场监督管理局
遗失声明某某遗失身份证、营业执照正副本、公章、财务专用章、发票专用章，声明作废。某某公司遗失机动车登记证书、行驶证，声明作废。某某遗失出生医学证明，编号某某，声明作废。
减资公告本公司经股东决定，注册资本由人民币伍佰万元减少至人民币壹佰万元，请债权人自本公告之日起四十五日内向本公司申报债权。
某某贸易有限公司
注销公告本公司经股东会决议，决定注销本公司，请债权人自本公告之日起四十五日内向本公司清算组申报债权。
某某科技有限公司清算组
遗失声明某某遗失道路运输证、从业资格证，声明作废。某某遗失不动产权证书，声明作废。某某公司遗失开户许可证，核准号某某，声明作废。
行政处罚决定书送达公告因你单位下落不明，依据有关规定，现依法向你单位公告送达行政处罚决定书。自公告之日起经过六十日即视为送达。
某某市场监督管理局
